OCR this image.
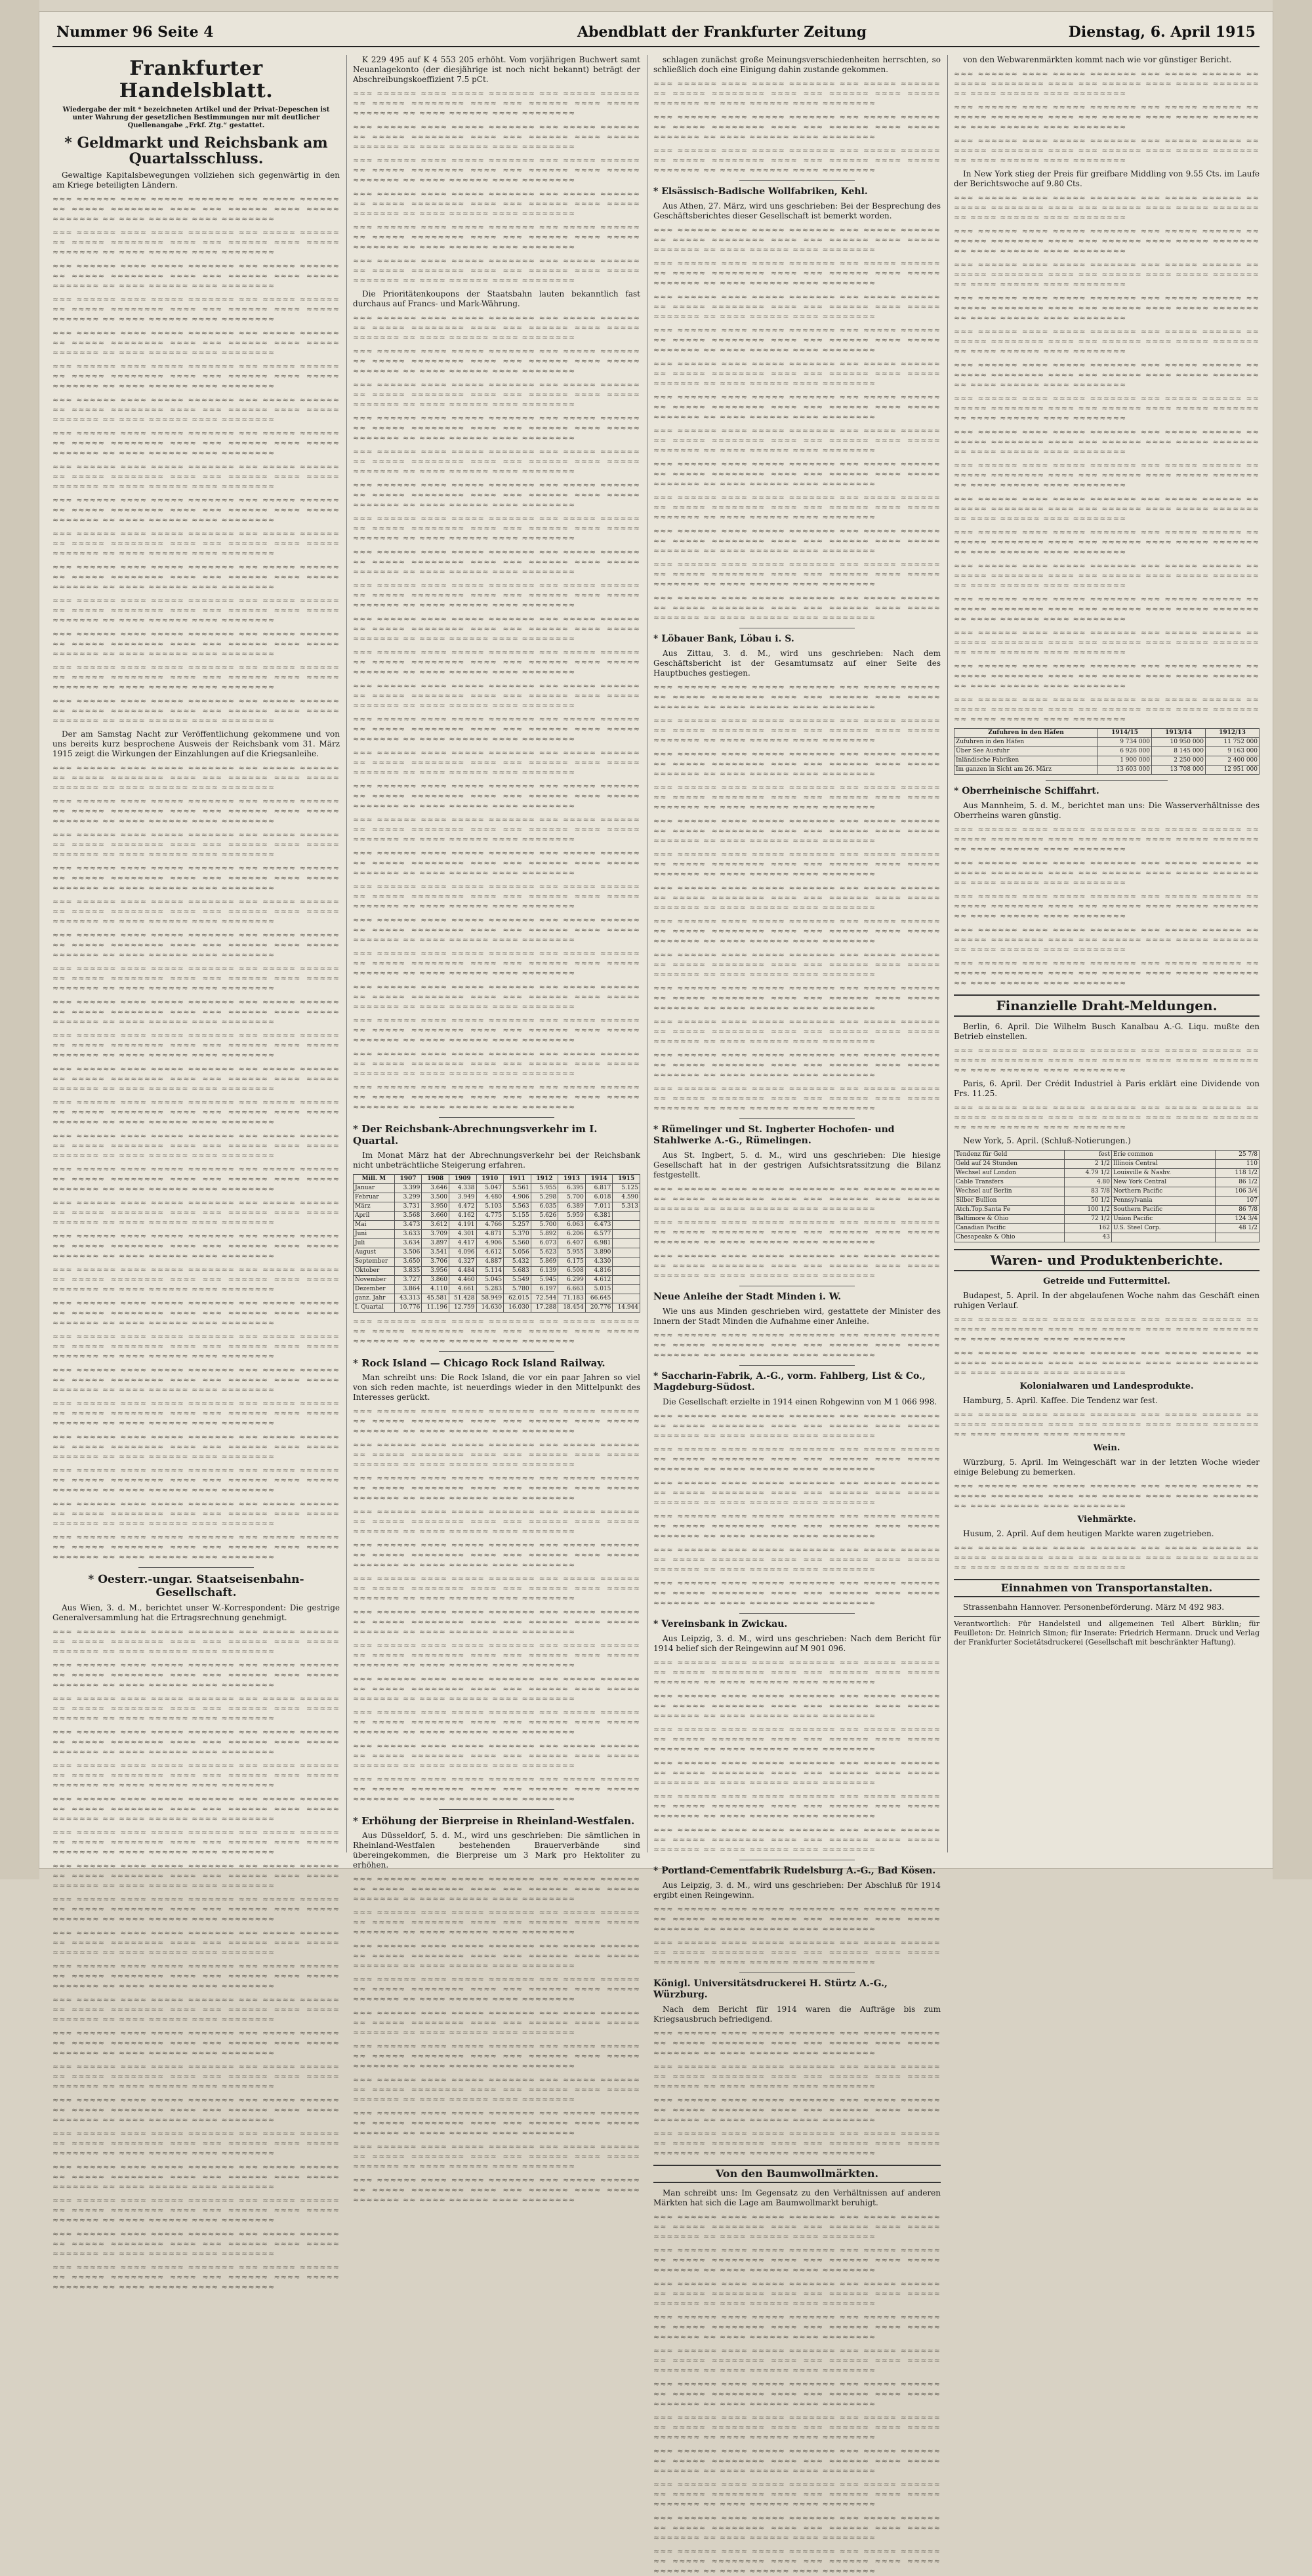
Nummer 96 Seite 4	Abendblatt der Frankfurter Zeitung	Dienstag, 6. April 1915
Frankfurter Handelsblatt.
Wiedergabe der mit * bezeichneten Artikel und der Privat-Depeschen ist unter Wahrung der gesetzlichen Bestimmungen nur mit deutlicher Quellenangabe „Frkf. Ztg.“ gestattet.
* Geldmarkt und Reichsbank am Quartalsschluss.

Gewaltige Kapitalsbewegungen vollziehen sich gegenwärtig in den am Kriege beteiligten Ländern.

≈≈≈ ≈≈≈≈≈≈ ≈≈≈≈ ≈≈≈≈≈ ≈≈≈≈≈≈≈ ≈≈≈ ≈≈≈≈≈ ≈≈≈≈≈≈ ≈≈ ≈≈≈≈≈ ≈≈≈≈≈≈≈≈ ≈≈≈≈ ≈≈≈ ≈≈≈≈≈≈ ≈≈≈≈ ≈≈≈≈≈ ≈≈≈≈≈≈≈ ≈≈ ≈≈≈≈ ≈≈≈≈≈≈ ≈≈≈≈ ≈≈≈≈≈≈≈≈

≈≈≈ ≈≈≈≈≈≈ ≈≈≈≈ ≈≈≈≈≈ ≈≈≈≈≈≈≈ ≈≈≈ ≈≈≈≈≈ ≈≈≈≈≈≈ ≈≈ ≈≈≈≈≈ ≈≈≈≈≈≈≈≈ ≈≈≈≈ ≈≈≈ ≈≈≈≈≈≈ ≈≈≈≈ ≈≈≈≈≈ ≈≈≈≈≈≈≈ ≈≈ ≈≈≈≈ ≈≈≈≈≈≈ ≈≈≈≈ ≈≈≈≈≈≈≈≈

≈≈≈ ≈≈≈≈≈≈ ≈≈≈≈ ≈≈≈≈≈ ≈≈≈≈≈≈≈ ≈≈≈ ≈≈≈≈≈ ≈≈≈≈≈≈ ≈≈ ≈≈≈≈≈ ≈≈≈≈≈≈≈≈ ≈≈≈≈ ≈≈≈ ≈≈≈≈≈≈ ≈≈≈≈ ≈≈≈≈≈ ≈≈≈≈≈≈≈ ≈≈ ≈≈≈≈ ≈≈≈≈≈≈ ≈≈≈≈ ≈≈≈≈≈≈≈≈

≈≈≈ ≈≈≈≈≈≈ ≈≈≈≈ ≈≈≈≈≈ ≈≈≈≈≈≈≈ ≈≈≈ ≈≈≈≈≈ ≈≈≈≈≈≈ ≈≈ ≈≈≈≈≈ ≈≈≈≈≈≈≈≈ ≈≈≈≈ ≈≈≈ ≈≈≈≈≈≈ ≈≈≈≈ ≈≈≈≈≈ ≈≈≈≈≈≈≈ ≈≈ ≈≈≈≈ ≈≈≈≈≈≈ ≈≈≈≈ ≈≈≈≈≈≈≈≈

≈≈≈ ≈≈≈≈≈≈ ≈≈≈≈ ≈≈≈≈≈ ≈≈≈≈≈≈≈ ≈≈≈ ≈≈≈≈≈ ≈≈≈≈≈≈ ≈≈ ≈≈≈≈≈ ≈≈≈≈≈≈≈≈ ≈≈≈≈ ≈≈≈ ≈≈≈≈≈≈ ≈≈≈≈ ≈≈≈≈≈ ≈≈≈≈≈≈≈ ≈≈ ≈≈≈≈ ≈≈≈≈≈≈ ≈≈≈≈ ≈≈≈≈≈≈≈≈

≈≈≈ ≈≈≈≈≈≈ ≈≈≈≈ ≈≈≈≈≈ ≈≈≈≈≈≈≈ ≈≈≈ ≈≈≈≈≈ ≈≈≈≈≈≈ ≈≈ ≈≈≈≈≈ ≈≈≈≈≈≈≈≈ ≈≈≈≈ ≈≈≈ ≈≈≈≈≈≈ ≈≈≈≈ ≈≈≈≈≈ ≈≈≈≈≈≈≈ ≈≈ ≈≈≈≈ ≈≈≈≈≈≈ ≈≈≈≈ ≈≈≈≈≈≈≈≈

≈≈≈ ≈≈≈≈≈≈ ≈≈≈≈ ≈≈≈≈≈ ≈≈≈≈≈≈≈ ≈≈≈ ≈≈≈≈≈ ≈≈≈≈≈≈ ≈≈ ≈≈≈≈≈ ≈≈≈≈≈≈≈≈ ≈≈≈≈ ≈≈≈ ≈≈≈≈≈≈ ≈≈≈≈ ≈≈≈≈≈ ≈≈≈≈≈≈≈ ≈≈ ≈≈≈≈ ≈≈≈≈≈≈ ≈≈≈≈ ≈≈≈≈≈≈≈≈

≈≈≈ ≈≈≈≈≈≈ ≈≈≈≈ ≈≈≈≈≈ ≈≈≈≈≈≈≈ ≈≈≈ ≈≈≈≈≈ ≈≈≈≈≈≈ ≈≈ ≈≈≈≈≈ ≈≈≈≈≈≈≈≈ ≈≈≈≈ ≈≈≈ ≈≈≈≈≈≈ ≈≈≈≈ ≈≈≈≈≈ ≈≈≈≈≈≈≈ ≈≈ ≈≈≈≈ ≈≈≈≈≈≈ ≈≈≈≈ ≈≈≈≈≈≈≈≈

≈≈≈ ≈≈≈≈≈≈ ≈≈≈≈ ≈≈≈≈≈ ≈≈≈≈≈≈≈ ≈≈≈ ≈≈≈≈≈ ≈≈≈≈≈≈ ≈≈ ≈≈≈≈≈ ≈≈≈≈≈≈≈≈ ≈≈≈≈ ≈≈≈ ≈≈≈≈≈≈ ≈≈≈≈ ≈≈≈≈≈ ≈≈≈≈≈≈≈ ≈≈ ≈≈≈≈ ≈≈≈≈≈≈ ≈≈≈≈ ≈≈≈≈≈≈≈≈

≈≈≈ ≈≈≈≈≈≈ ≈≈≈≈ ≈≈≈≈≈ ≈≈≈≈≈≈≈ ≈≈≈ ≈≈≈≈≈ ≈≈≈≈≈≈ ≈≈ ≈≈≈≈≈ ≈≈≈≈≈≈≈≈ ≈≈≈≈ ≈≈≈ ≈≈≈≈≈≈ ≈≈≈≈ ≈≈≈≈≈ ≈≈≈≈≈≈≈ ≈≈ ≈≈≈≈ ≈≈≈≈≈≈ ≈≈≈≈ ≈≈≈≈≈≈≈≈

≈≈≈ ≈≈≈≈≈≈ ≈≈≈≈ ≈≈≈≈≈ ≈≈≈≈≈≈≈ ≈≈≈ ≈≈≈≈≈ ≈≈≈≈≈≈ ≈≈ ≈≈≈≈≈ ≈≈≈≈≈≈≈≈ ≈≈≈≈ ≈≈≈ ≈≈≈≈≈≈ ≈≈≈≈ ≈≈≈≈≈ ≈≈≈≈≈≈≈ ≈≈ ≈≈≈≈ ≈≈≈≈≈≈ ≈≈≈≈ ≈≈≈≈≈≈≈≈

≈≈≈ ≈≈≈≈≈≈ ≈≈≈≈ ≈≈≈≈≈ ≈≈≈≈≈≈≈ ≈≈≈ ≈≈≈≈≈ ≈≈≈≈≈≈ ≈≈ ≈≈≈≈≈ ≈≈≈≈≈≈≈≈ ≈≈≈≈ ≈≈≈ ≈≈≈≈≈≈ ≈≈≈≈ ≈≈≈≈≈ ≈≈≈≈≈≈≈ ≈≈ ≈≈≈≈ ≈≈≈≈≈≈ ≈≈≈≈ ≈≈≈≈≈≈≈≈

≈≈≈ ≈≈≈≈≈≈ ≈≈≈≈ ≈≈≈≈≈ ≈≈≈≈≈≈≈ ≈≈≈ ≈≈≈≈≈ ≈≈≈≈≈≈ ≈≈ ≈≈≈≈≈ ≈≈≈≈≈≈≈≈ ≈≈≈≈ ≈≈≈ ≈≈≈≈≈≈ ≈≈≈≈ ≈≈≈≈≈ ≈≈≈≈≈≈≈ ≈≈ ≈≈≈≈ ≈≈≈≈≈≈ ≈≈≈≈ ≈≈≈≈≈≈≈≈

≈≈≈ ≈≈≈≈≈≈ ≈≈≈≈ ≈≈≈≈≈ ≈≈≈≈≈≈≈ ≈≈≈ ≈≈≈≈≈ ≈≈≈≈≈≈ ≈≈ ≈≈≈≈≈ ≈≈≈≈≈≈≈≈ ≈≈≈≈ ≈≈≈ ≈≈≈≈≈≈ ≈≈≈≈ ≈≈≈≈≈ ≈≈≈≈≈≈≈ ≈≈ ≈≈≈≈ ≈≈≈≈≈≈ ≈≈≈≈ ≈≈≈≈≈≈≈≈

≈≈≈ ≈≈≈≈≈≈ ≈≈≈≈ ≈≈≈≈≈ ≈≈≈≈≈≈≈ ≈≈≈ ≈≈≈≈≈ ≈≈≈≈≈≈ ≈≈ ≈≈≈≈≈ ≈≈≈≈≈≈≈≈ ≈≈≈≈ ≈≈≈ ≈≈≈≈≈≈ ≈≈≈≈ ≈≈≈≈≈ ≈≈≈≈≈≈≈ ≈≈ ≈≈≈≈ ≈≈≈≈≈≈ ≈≈≈≈ ≈≈≈≈≈≈≈≈

≈≈≈ ≈≈≈≈≈≈ ≈≈≈≈ ≈≈≈≈≈ ≈≈≈≈≈≈≈ ≈≈≈ ≈≈≈≈≈ ≈≈≈≈≈≈ ≈≈ ≈≈≈≈≈ ≈≈≈≈≈≈≈≈ ≈≈≈≈ ≈≈≈ ≈≈≈≈≈≈ ≈≈≈≈ ≈≈≈≈≈ ≈≈≈≈≈≈≈ ≈≈ ≈≈≈≈ ≈≈≈≈≈≈ ≈≈≈≈ ≈≈≈≈≈≈≈≈

Der am Samstag Nacht zur Veröffentlichung gekommene und von uns bereits kurz besprochene Ausweis der Reichsbank vom 31. März 1915 zeigt die Wirkungen der Einzahlungen auf die Kriegsanleihe.

≈≈≈ ≈≈≈≈≈≈ ≈≈≈≈ ≈≈≈≈≈ ≈≈≈≈≈≈≈ ≈≈≈ ≈≈≈≈≈ ≈≈≈≈≈≈ ≈≈ ≈≈≈≈≈ ≈≈≈≈≈≈≈≈ ≈≈≈≈ ≈≈≈ ≈≈≈≈≈≈ ≈≈≈≈ ≈≈≈≈≈ ≈≈≈≈≈≈≈ ≈≈ ≈≈≈≈ ≈≈≈≈≈≈ ≈≈≈≈ ≈≈≈≈≈≈≈≈

≈≈≈ ≈≈≈≈≈≈ ≈≈≈≈ ≈≈≈≈≈ ≈≈≈≈≈≈≈ ≈≈≈ ≈≈≈≈≈ ≈≈≈≈≈≈ ≈≈ ≈≈≈≈≈ ≈≈≈≈≈≈≈≈ ≈≈≈≈ ≈≈≈ ≈≈≈≈≈≈ ≈≈≈≈ ≈≈≈≈≈ ≈≈≈≈≈≈≈ ≈≈ ≈≈≈≈ ≈≈≈≈≈≈ ≈≈≈≈ ≈≈≈≈≈≈≈≈

≈≈≈ ≈≈≈≈≈≈ ≈≈≈≈ ≈≈≈≈≈ ≈≈≈≈≈≈≈ ≈≈≈ ≈≈≈≈≈ ≈≈≈≈≈≈ ≈≈ ≈≈≈≈≈ ≈≈≈≈≈≈≈≈ ≈≈≈≈ ≈≈≈ ≈≈≈≈≈≈ ≈≈≈≈ ≈≈≈≈≈ ≈≈≈≈≈≈≈ ≈≈ ≈≈≈≈ ≈≈≈≈≈≈ ≈≈≈≈ ≈≈≈≈≈≈≈≈

≈≈≈ ≈≈≈≈≈≈ ≈≈≈≈ ≈≈≈≈≈ ≈≈≈≈≈≈≈ ≈≈≈ ≈≈≈≈≈ ≈≈≈≈≈≈ ≈≈ ≈≈≈≈≈ ≈≈≈≈≈≈≈≈ ≈≈≈≈ ≈≈≈ ≈≈≈≈≈≈ ≈≈≈≈ ≈≈≈≈≈ ≈≈≈≈≈≈≈ ≈≈ ≈≈≈≈ ≈≈≈≈≈≈ ≈≈≈≈ ≈≈≈≈≈≈≈≈

≈≈≈ ≈≈≈≈≈≈ ≈≈≈≈ ≈≈≈≈≈ ≈≈≈≈≈≈≈ ≈≈≈ ≈≈≈≈≈ ≈≈≈≈≈≈ ≈≈ ≈≈≈≈≈ ≈≈≈≈≈≈≈≈ ≈≈≈≈ ≈≈≈ ≈≈≈≈≈≈ ≈≈≈≈ ≈≈≈≈≈ ≈≈≈≈≈≈≈ ≈≈ ≈≈≈≈ ≈≈≈≈≈≈ ≈≈≈≈ ≈≈≈≈≈≈≈≈

≈≈≈ ≈≈≈≈≈≈ ≈≈≈≈ ≈≈≈≈≈ ≈≈≈≈≈≈≈ ≈≈≈ ≈≈≈≈≈ ≈≈≈≈≈≈ ≈≈ ≈≈≈≈≈ ≈≈≈≈≈≈≈≈ ≈≈≈≈ ≈≈≈ ≈≈≈≈≈≈ ≈≈≈≈ ≈≈≈≈≈ ≈≈≈≈≈≈≈ ≈≈ ≈≈≈≈ ≈≈≈≈≈≈ ≈≈≈≈ ≈≈≈≈≈≈≈≈

≈≈≈ ≈≈≈≈≈≈ ≈≈≈≈ ≈≈≈≈≈ ≈≈≈≈≈≈≈ ≈≈≈ ≈≈≈≈≈ ≈≈≈≈≈≈ ≈≈ ≈≈≈≈≈ ≈≈≈≈≈≈≈≈ ≈≈≈≈ ≈≈≈ ≈≈≈≈≈≈ ≈≈≈≈ ≈≈≈≈≈ ≈≈≈≈≈≈≈ ≈≈ ≈≈≈≈ ≈≈≈≈≈≈ ≈≈≈≈ ≈≈≈≈≈≈≈≈

≈≈≈ ≈≈≈≈≈≈ ≈≈≈≈ ≈≈≈≈≈ ≈≈≈≈≈≈≈ ≈≈≈ ≈≈≈≈≈ ≈≈≈≈≈≈ ≈≈ ≈≈≈≈≈ ≈≈≈≈≈≈≈≈ ≈≈≈≈ ≈≈≈ ≈≈≈≈≈≈ ≈≈≈≈ ≈≈≈≈≈ ≈≈≈≈≈≈≈ ≈≈ ≈≈≈≈ ≈≈≈≈≈≈ ≈≈≈≈ ≈≈≈≈≈≈≈≈

≈≈≈ ≈≈≈≈≈≈ ≈≈≈≈ ≈≈≈≈≈ ≈≈≈≈≈≈≈ ≈≈≈ ≈≈≈≈≈ ≈≈≈≈≈≈ ≈≈ ≈≈≈≈≈ ≈≈≈≈≈≈≈≈ ≈≈≈≈ ≈≈≈ ≈≈≈≈≈≈ ≈≈≈≈ ≈≈≈≈≈ ≈≈≈≈≈≈≈ ≈≈ ≈≈≈≈ ≈≈≈≈≈≈ ≈≈≈≈ ≈≈≈≈≈≈≈≈

≈≈≈ ≈≈≈≈≈≈ ≈≈≈≈ ≈≈≈≈≈ ≈≈≈≈≈≈≈ ≈≈≈ ≈≈≈≈≈ ≈≈≈≈≈≈ ≈≈ ≈≈≈≈≈ ≈≈≈≈≈≈≈≈ ≈≈≈≈ ≈≈≈ ≈≈≈≈≈≈ ≈≈≈≈ ≈≈≈≈≈ ≈≈≈≈≈≈≈ ≈≈ ≈≈≈≈ ≈≈≈≈≈≈ ≈≈≈≈ ≈≈≈≈≈≈≈≈

≈≈≈ ≈≈≈≈≈≈ ≈≈≈≈ ≈≈≈≈≈ ≈≈≈≈≈≈≈ ≈≈≈ ≈≈≈≈≈ ≈≈≈≈≈≈ ≈≈ ≈≈≈≈≈ ≈≈≈≈≈≈≈≈ ≈≈≈≈ ≈≈≈ ≈≈≈≈≈≈ ≈≈≈≈ ≈≈≈≈≈ ≈≈≈≈≈≈≈ ≈≈ ≈≈≈≈ ≈≈≈≈≈≈ ≈≈≈≈ ≈≈≈≈≈≈≈≈

≈≈≈ ≈≈≈≈≈≈ ≈≈≈≈ ≈≈≈≈≈ ≈≈≈≈≈≈≈ ≈≈≈ ≈≈≈≈≈ ≈≈≈≈≈≈ ≈≈ ≈≈≈≈≈ ≈≈≈≈≈≈≈≈ ≈≈≈≈ ≈≈≈ ≈≈≈≈≈≈ ≈≈≈≈ ≈≈≈≈≈ ≈≈≈≈≈≈≈ ≈≈ ≈≈≈≈ ≈≈≈≈≈≈ ≈≈≈≈ ≈≈≈≈≈≈≈≈

≈≈≈ ≈≈≈≈≈≈ ≈≈≈≈ ≈≈≈≈≈ ≈≈≈≈≈≈≈ ≈≈≈ ≈≈≈≈≈ ≈≈≈≈≈≈ ≈≈ ≈≈≈≈≈ ≈≈≈≈≈≈≈≈ ≈≈≈≈ ≈≈≈ ≈≈≈≈≈≈ ≈≈≈≈ ≈≈≈≈≈ ≈≈≈≈≈≈≈ ≈≈ ≈≈≈≈ ≈≈≈≈≈≈ ≈≈≈≈ ≈≈≈≈≈≈≈≈

≈≈≈ ≈≈≈≈≈≈ ≈≈≈≈ ≈≈≈≈≈ ≈≈≈≈≈≈≈ ≈≈≈ ≈≈≈≈≈ ≈≈≈≈≈≈ ≈≈ ≈≈≈≈≈ ≈≈≈≈≈≈≈≈ ≈≈≈≈ ≈≈≈ ≈≈≈≈≈≈ ≈≈≈≈ ≈≈≈≈≈ ≈≈≈≈≈≈≈ ≈≈ ≈≈≈≈ ≈≈≈≈≈≈ ≈≈≈≈ ≈≈≈≈≈≈≈≈

≈≈≈ ≈≈≈≈≈≈ ≈≈≈≈ ≈≈≈≈≈ ≈≈≈≈≈≈≈ ≈≈≈ ≈≈≈≈≈ ≈≈≈≈≈≈ ≈≈ ≈≈≈≈≈ ≈≈≈≈≈≈≈≈ ≈≈≈≈ ≈≈≈ ≈≈≈≈≈≈ ≈≈≈≈ ≈≈≈≈≈ ≈≈≈≈≈≈≈ ≈≈ ≈≈≈≈ ≈≈≈≈≈≈ ≈≈≈≈ ≈≈≈≈≈≈≈≈

≈≈≈ ≈≈≈≈≈≈ ≈≈≈≈ ≈≈≈≈≈ ≈≈≈≈≈≈≈ ≈≈≈ ≈≈≈≈≈ ≈≈≈≈≈≈ ≈≈ ≈≈≈≈≈ ≈≈≈≈≈≈≈≈ ≈≈≈≈ ≈≈≈ ≈≈≈≈≈≈ ≈≈≈≈ ≈≈≈≈≈ ≈≈≈≈≈≈≈ ≈≈ ≈≈≈≈ ≈≈≈≈≈≈ ≈≈≈≈ ≈≈≈≈≈≈≈≈

≈≈≈ ≈≈≈≈≈≈ ≈≈≈≈ ≈≈≈≈≈ ≈≈≈≈≈≈≈ ≈≈≈ ≈≈≈≈≈ ≈≈≈≈≈≈ ≈≈ ≈≈≈≈≈ ≈≈≈≈≈≈≈≈ ≈≈≈≈ ≈≈≈ ≈≈≈≈≈≈ ≈≈≈≈ ≈≈≈≈≈ ≈≈≈≈≈≈≈ ≈≈ ≈≈≈≈ ≈≈≈≈≈≈ ≈≈≈≈ ≈≈≈≈≈≈≈≈

≈≈≈ ≈≈≈≈≈≈ ≈≈≈≈ ≈≈≈≈≈ ≈≈≈≈≈≈≈ ≈≈≈ ≈≈≈≈≈ ≈≈≈≈≈≈ ≈≈ ≈≈≈≈≈ ≈≈≈≈≈≈≈≈ ≈≈≈≈ ≈≈≈ ≈≈≈≈≈≈ ≈≈≈≈ ≈≈≈≈≈ ≈≈≈≈≈≈≈ ≈≈ ≈≈≈≈ ≈≈≈≈≈≈ ≈≈≈≈ ≈≈≈≈≈≈≈≈

≈≈≈ ≈≈≈≈≈≈ ≈≈≈≈ ≈≈≈≈≈ ≈≈≈≈≈≈≈ ≈≈≈ ≈≈≈≈≈ ≈≈≈≈≈≈ ≈≈ ≈≈≈≈≈ ≈≈≈≈≈≈≈≈ ≈≈≈≈ ≈≈≈ ≈≈≈≈≈≈ ≈≈≈≈ ≈≈≈≈≈ ≈≈≈≈≈≈≈ ≈≈ ≈≈≈≈ ≈≈≈≈≈≈ ≈≈≈≈ ≈≈≈≈≈≈≈≈

≈≈≈ ≈≈≈≈≈≈ ≈≈≈≈ ≈≈≈≈≈ ≈≈≈≈≈≈≈ ≈≈≈ ≈≈≈≈≈ ≈≈≈≈≈≈ ≈≈ ≈≈≈≈≈ ≈≈≈≈≈≈≈≈ ≈≈≈≈ ≈≈≈ ≈≈≈≈≈≈ ≈≈≈≈ ≈≈≈≈≈ ≈≈≈≈≈≈≈ ≈≈ ≈≈≈≈ ≈≈≈≈≈≈ ≈≈≈≈ ≈≈≈≈≈≈≈≈

≈≈≈ ≈≈≈≈≈≈ ≈≈≈≈ ≈≈≈≈≈ ≈≈≈≈≈≈≈ ≈≈≈ ≈≈≈≈≈ ≈≈≈≈≈≈ ≈≈ ≈≈≈≈≈ ≈≈≈≈≈≈≈≈ ≈≈≈≈ ≈≈≈ ≈≈≈≈≈≈ ≈≈≈≈ ≈≈≈≈≈ ≈≈≈≈≈≈≈ ≈≈ ≈≈≈≈ ≈≈≈≈≈≈ ≈≈≈≈ ≈≈≈≈≈≈≈≈

≈≈≈ ≈≈≈≈≈≈ ≈≈≈≈ ≈≈≈≈≈ ≈≈≈≈≈≈≈ ≈≈≈ ≈≈≈≈≈ ≈≈≈≈≈≈ ≈≈ ≈≈≈≈≈ ≈≈≈≈≈≈≈≈ ≈≈≈≈ ≈≈≈ ≈≈≈≈≈≈ ≈≈≈≈ ≈≈≈≈≈ ≈≈≈≈≈≈≈ ≈≈ ≈≈≈≈ ≈≈≈≈≈≈ ≈≈≈≈ ≈≈≈≈≈≈≈≈

≈≈≈ ≈≈≈≈≈≈ ≈≈≈≈ ≈≈≈≈≈ ≈≈≈≈≈≈≈ ≈≈≈ ≈≈≈≈≈ ≈≈≈≈≈≈ ≈≈ ≈≈≈≈≈ ≈≈≈≈≈≈≈≈ ≈≈≈≈ ≈≈≈ ≈≈≈≈≈≈ ≈≈≈≈ ≈≈≈≈≈ ≈≈≈≈≈≈≈ ≈≈ ≈≈≈≈ ≈≈≈≈≈≈ ≈≈≈≈ ≈≈≈≈≈≈≈≈

≈≈≈ ≈≈≈≈≈≈ ≈≈≈≈ ≈≈≈≈≈ ≈≈≈≈≈≈≈ ≈≈≈ ≈≈≈≈≈ ≈≈≈≈≈≈ ≈≈ ≈≈≈≈≈ ≈≈≈≈≈≈≈≈ ≈≈≈≈ ≈≈≈ ≈≈≈≈≈≈ ≈≈≈≈ ≈≈≈≈≈ ≈≈≈≈≈≈≈ ≈≈ ≈≈≈≈ ≈≈≈≈≈≈ ≈≈≈≈ ≈≈≈≈≈≈≈≈

* Oesterr.-ungar. Staatseisenbahn-Gesellschaft.

Aus Wien, 3. d. M., berichtet unser W.-Korrespondent: Die gestrige Generalversammlung hat die Ertragsrechnung genehmigt.

≈≈≈ ≈≈≈≈≈≈ ≈≈≈≈ ≈≈≈≈≈ ≈≈≈≈≈≈≈ ≈≈≈ ≈≈≈≈≈ ≈≈≈≈≈≈ ≈≈ ≈≈≈≈≈ ≈≈≈≈≈≈≈≈ ≈≈≈≈ ≈≈≈ ≈≈≈≈≈≈ ≈≈≈≈ ≈≈≈≈≈ ≈≈≈≈≈≈≈ ≈≈ ≈≈≈≈ ≈≈≈≈≈≈ ≈≈≈≈ ≈≈≈≈≈≈≈≈

≈≈≈ ≈≈≈≈≈≈ ≈≈≈≈ ≈≈≈≈≈ ≈≈≈≈≈≈≈ ≈≈≈ ≈≈≈≈≈ ≈≈≈≈≈≈ ≈≈ ≈≈≈≈≈ ≈≈≈≈≈≈≈≈ ≈≈≈≈ ≈≈≈ ≈≈≈≈≈≈ ≈≈≈≈ ≈≈≈≈≈ ≈≈≈≈≈≈≈ ≈≈ ≈≈≈≈ ≈≈≈≈≈≈ ≈≈≈≈ ≈≈≈≈≈≈≈≈

≈≈≈ ≈≈≈≈≈≈ ≈≈≈≈ ≈≈≈≈≈ ≈≈≈≈≈≈≈ ≈≈≈ ≈≈≈≈≈ ≈≈≈≈≈≈ ≈≈ ≈≈≈≈≈ ≈≈≈≈≈≈≈≈ ≈≈≈≈ ≈≈≈ ≈≈≈≈≈≈ ≈≈≈≈ ≈≈≈≈≈ ≈≈≈≈≈≈≈ ≈≈ ≈≈≈≈ ≈≈≈≈≈≈ ≈≈≈≈ ≈≈≈≈≈≈≈≈

≈≈≈ ≈≈≈≈≈≈ ≈≈≈≈ ≈≈≈≈≈ ≈≈≈≈≈≈≈ ≈≈≈ ≈≈≈≈≈ ≈≈≈≈≈≈ ≈≈ ≈≈≈≈≈ ≈≈≈≈≈≈≈≈ ≈≈≈≈ ≈≈≈ ≈≈≈≈≈≈ ≈≈≈≈ ≈≈≈≈≈ ≈≈≈≈≈≈≈ ≈≈ ≈≈≈≈ ≈≈≈≈≈≈ ≈≈≈≈ ≈≈≈≈≈≈≈≈

≈≈≈ ≈≈≈≈≈≈ ≈≈≈≈ ≈≈≈≈≈ ≈≈≈≈≈≈≈ ≈≈≈ ≈≈≈≈≈ ≈≈≈≈≈≈ ≈≈ ≈≈≈≈≈ ≈≈≈≈≈≈≈≈ ≈≈≈≈ ≈≈≈ ≈≈≈≈≈≈ ≈≈≈≈ ≈≈≈≈≈ ≈≈≈≈≈≈≈ ≈≈ ≈≈≈≈ ≈≈≈≈≈≈ ≈≈≈≈ ≈≈≈≈≈≈≈≈

≈≈≈ ≈≈≈≈≈≈ ≈≈≈≈ ≈≈≈≈≈ ≈≈≈≈≈≈≈ ≈≈≈ ≈≈≈≈≈ ≈≈≈≈≈≈ ≈≈ ≈≈≈≈≈ ≈≈≈≈≈≈≈≈ ≈≈≈≈ ≈≈≈ ≈≈≈≈≈≈ ≈≈≈≈ ≈≈≈≈≈ ≈≈≈≈≈≈≈ ≈≈ ≈≈≈≈ ≈≈≈≈≈≈ ≈≈≈≈ ≈≈≈≈≈≈≈≈

≈≈≈ ≈≈≈≈≈≈ ≈≈≈≈ ≈≈≈≈≈ ≈≈≈≈≈≈≈ ≈≈≈ ≈≈≈≈≈ ≈≈≈≈≈≈ ≈≈ ≈≈≈≈≈ ≈≈≈≈≈≈≈≈ ≈≈≈≈ ≈≈≈ ≈≈≈≈≈≈ ≈≈≈≈ ≈≈≈≈≈ ≈≈≈≈≈≈≈ ≈≈ ≈≈≈≈ ≈≈≈≈≈≈ ≈≈≈≈ ≈≈≈≈≈≈≈≈

≈≈≈ ≈≈≈≈≈≈ ≈≈≈≈ ≈≈≈≈≈ ≈≈≈≈≈≈≈ ≈≈≈ ≈≈≈≈≈ ≈≈≈≈≈≈ ≈≈ ≈≈≈≈≈ ≈≈≈≈≈≈≈≈ ≈≈≈≈ ≈≈≈ ≈≈≈≈≈≈ ≈≈≈≈ ≈≈≈≈≈ ≈≈≈≈≈≈≈ ≈≈ ≈≈≈≈ ≈≈≈≈≈≈ ≈≈≈≈ ≈≈≈≈≈≈≈≈

≈≈≈ ≈≈≈≈≈≈ ≈≈≈≈ ≈≈≈≈≈ ≈≈≈≈≈≈≈ ≈≈≈ ≈≈≈≈≈ ≈≈≈≈≈≈ ≈≈ ≈≈≈≈≈ ≈≈≈≈≈≈≈≈ ≈≈≈≈ ≈≈≈ ≈≈≈≈≈≈ ≈≈≈≈ ≈≈≈≈≈ ≈≈≈≈≈≈≈ ≈≈ ≈≈≈≈ ≈≈≈≈≈≈ ≈≈≈≈ ≈≈≈≈≈≈≈≈

≈≈≈ ≈≈≈≈≈≈ ≈≈≈≈ ≈≈≈≈≈ ≈≈≈≈≈≈≈ ≈≈≈ ≈≈≈≈≈ ≈≈≈≈≈≈ ≈≈ ≈≈≈≈≈ ≈≈≈≈≈≈≈≈ ≈≈≈≈ ≈≈≈ ≈≈≈≈≈≈ ≈≈≈≈ ≈≈≈≈≈ ≈≈≈≈≈≈≈ ≈≈ ≈≈≈≈ ≈≈≈≈≈≈ ≈≈≈≈ ≈≈≈≈≈≈≈≈

≈≈≈ ≈≈≈≈≈≈ ≈≈≈≈ ≈≈≈≈≈ ≈≈≈≈≈≈≈ ≈≈≈ ≈≈≈≈≈ ≈≈≈≈≈≈ ≈≈ ≈≈≈≈≈ ≈≈≈≈≈≈≈≈ ≈≈≈≈ ≈≈≈ ≈≈≈≈≈≈ ≈≈≈≈ ≈≈≈≈≈ ≈≈≈≈≈≈≈ ≈≈ ≈≈≈≈ ≈≈≈≈≈≈ ≈≈≈≈ ≈≈≈≈≈≈≈≈

≈≈≈ ≈≈≈≈≈≈ ≈≈≈≈ ≈≈≈≈≈ ≈≈≈≈≈≈≈ ≈≈≈ ≈≈≈≈≈ ≈≈≈≈≈≈ ≈≈ ≈≈≈≈≈ ≈≈≈≈≈≈≈≈ ≈≈≈≈ ≈≈≈ ≈≈≈≈≈≈ ≈≈≈≈ ≈≈≈≈≈ ≈≈≈≈≈≈≈ ≈≈ ≈≈≈≈ ≈≈≈≈≈≈ ≈≈≈≈ ≈≈≈≈≈≈≈≈

≈≈≈ ≈≈≈≈≈≈ ≈≈≈≈ ≈≈≈≈≈ ≈≈≈≈≈≈≈ ≈≈≈ ≈≈≈≈≈ ≈≈≈≈≈≈ ≈≈ ≈≈≈≈≈ ≈≈≈≈≈≈≈≈ ≈≈≈≈ ≈≈≈ ≈≈≈≈≈≈ ≈≈≈≈ ≈≈≈≈≈ ≈≈≈≈≈≈≈ ≈≈ ≈≈≈≈ ≈≈≈≈≈≈ ≈≈≈≈ ≈≈≈≈≈≈≈≈

≈≈≈ ≈≈≈≈≈≈ ≈≈≈≈ ≈≈≈≈≈ ≈≈≈≈≈≈≈ ≈≈≈ ≈≈≈≈≈ ≈≈≈≈≈≈ ≈≈ ≈≈≈≈≈ ≈≈≈≈≈≈≈≈ ≈≈≈≈ ≈≈≈ ≈≈≈≈≈≈ ≈≈≈≈ ≈≈≈≈≈ ≈≈≈≈≈≈≈ ≈≈ ≈≈≈≈ ≈≈≈≈≈≈ ≈≈≈≈ ≈≈≈≈≈≈≈≈

≈≈≈ ≈≈≈≈≈≈ ≈≈≈≈ ≈≈≈≈≈ ≈≈≈≈≈≈≈ ≈≈≈ ≈≈≈≈≈ ≈≈≈≈≈≈ ≈≈ ≈≈≈≈≈ ≈≈≈≈≈≈≈≈ ≈≈≈≈ ≈≈≈ ≈≈≈≈≈≈ ≈≈≈≈ ≈≈≈≈≈ ≈≈≈≈≈≈≈ ≈≈ ≈≈≈≈ ≈≈≈≈≈≈ ≈≈≈≈ ≈≈≈≈≈≈≈≈

≈≈≈ ≈≈≈≈≈≈ ≈≈≈≈ ≈≈≈≈≈ ≈≈≈≈≈≈≈ ≈≈≈ ≈≈≈≈≈ ≈≈≈≈≈≈ ≈≈ ≈≈≈≈≈ ≈≈≈≈≈≈≈≈ ≈≈≈≈ ≈≈≈ ≈≈≈≈≈≈ ≈≈≈≈ ≈≈≈≈≈ ≈≈≈≈≈≈≈ ≈≈ ≈≈≈≈ ≈≈≈≈≈≈ ≈≈≈≈ ≈≈≈≈≈≈≈≈

≈≈≈ ≈≈≈≈≈≈ ≈≈≈≈ ≈≈≈≈≈ ≈≈≈≈≈≈≈ ≈≈≈ ≈≈≈≈≈ ≈≈≈≈≈≈ ≈≈ ≈≈≈≈≈ ≈≈≈≈≈≈≈≈ ≈≈≈≈ ≈≈≈ ≈≈≈≈≈≈ ≈≈≈≈ ≈≈≈≈≈ ≈≈≈≈≈≈≈ ≈≈ ≈≈≈≈ ≈≈≈≈≈≈ ≈≈≈≈ ≈≈≈≈≈≈≈≈

≈≈≈ ≈≈≈≈≈≈ ≈≈≈≈ ≈≈≈≈≈ ≈≈≈≈≈≈≈ ≈≈≈ ≈≈≈≈≈ ≈≈≈≈≈≈ ≈≈ ≈≈≈≈≈ ≈≈≈≈≈≈≈≈ ≈≈≈≈ ≈≈≈ ≈≈≈≈≈≈ ≈≈≈≈ ≈≈≈≈≈ ≈≈≈≈≈≈≈ ≈≈ ≈≈≈≈ ≈≈≈≈≈≈ ≈≈≈≈ ≈≈≈≈≈≈≈≈

≈≈≈ ≈≈≈≈≈≈ ≈≈≈≈ ≈≈≈≈≈ ≈≈≈≈≈≈≈ ≈≈≈ ≈≈≈≈≈ ≈≈≈≈≈≈ ≈≈ ≈≈≈≈≈ ≈≈≈≈≈≈≈≈ ≈≈≈≈ ≈≈≈ ≈≈≈≈≈≈ ≈≈≈≈ ≈≈≈≈≈ ≈≈≈≈≈≈≈ ≈≈ ≈≈≈≈ ≈≈≈≈≈≈ ≈≈≈≈ ≈≈≈≈≈≈≈≈

≈≈≈ ≈≈≈≈≈≈ ≈≈≈≈ ≈≈≈≈≈ ≈≈≈≈≈≈≈ ≈≈≈ ≈≈≈≈≈ ≈≈≈≈≈≈ ≈≈ ≈≈≈≈≈ ≈≈≈≈≈≈≈≈ ≈≈≈≈ ≈≈≈ ≈≈≈≈≈≈ ≈≈≈≈ ≈≈≈≈≈ ≈≈≈≈≈≈≈ ≈≈ ≈≈≈≈ ≈≈≈≈≈≈ ≈≈≈≈ ≈≈≈≈≈≈≈≈

K 229 495 auf K 4 553 205 erhöht. Vom vorjährigen Buchwert samt Neuanlagekonto (der diesjährige ist noch nicht bekannt) beträgt der Abschreibungskoeffizient 7.5 pCt.

≈≈≈ ≈≈≈≈≈≈ ≈≈≈≈ ≈≈≈≈≈ ≈≈≈≈≈≈≈ ≈≈≈ ≈≈≈≈≈ ≈≈≈≈≈≈ ≈≈ ≈≈≈≈≈ ≈≈≈≈≈≈≈≈ ≈≈≈≈ ≈≈≈ ≈≈≈≈≈≈ ≈≈≈≈ ≈≈≈≈≈ ≈≈≈≈≈≈≈ ≈≈ ≈≈≈≈ ≈≈≈≈≈≈ ≈≈≈≈ ≈≈≈≈≈≈≈≈

≈≈≈ ≈≈≈≈≈≈ ≈≈≈≈ ≈≈≈≈≈ ≈≈≈≈≈≈≈ ≈≈≈ ≈≈≈≈≈ ≈≈≈≈≈≈ ≈≈ ≈≈≈≈≈ ≈≈≈≈≈≈≈≈ ≈≈≈≈ ≈≈≈ ≈≈≈≈≈≈ ≈≈≈≈ ≈≈≈≈≈ ≈≈≈≈≈≈≈ ≈≈ ≈≈≈≈ ≈≈≈≈≈≈ ≈≈≈≈ ≈≈≈≈≈≈≈≈

≈≈≈ ≈≈≈≈≈≈ ≈≈≈≈ ≈≈≈≈≈ ≈≈≈≈≈≈≈ ≈≈≈ ≈≈≈≈≈ ≈≈≈≈≈≈ ≈≈ ≈≈≈≈≈ ≈≈≈≈≈≈≈≈ ≈≈≈≈ ≈≈≈ ≈≈≈≈≈≈ ≈≈≈≈ ≈≈≈≈≈ ≈≈≈≈≈≈≈ ≈≈ ≈≈≈≈ ≈≈≈≈≈≈ ≈≈≈≈ ≈≈≈≈≈≈≈≈

≈≈≈ ≈≈≈≈≈≈ ≈≈≈≈ ≈≈≈≈≈ ≈≈≈≈≈≈≈ ≈≈≈ ≈≈≈≈≈ ≈≈≈≈≈≈ ≈≈ ≈≈≈≈≈ ≈≈≈≈≈≈≈≈ ≈≈≈≈ ≈≈≈ ≈≈≈≈≈≈ ≈≈≈≈ ≈≈≈≈≈ ≈≈≈≈≈≈≈ ≈≈ ≈≈≈≈ ≈≈≈≈≈≈ ≈≈≈≈ ≈≈≈≈≈≈≈≈

≈≈≈ ≈≈≈≈≈≈ ≈≈≈≈ ≈≈≈≈≈ ≈≈≈≈≈≈≈ ≈≈≈ ≈≈≈≈≈ ≈≈≈≈≈≈ ≈≈ ≈≈≈≈≈ ≈≈≈≈≈≈≈≈ ≈≈≈≈ ≈≈≈ ≈≈≈≈≈≈ ≈≈≈≈ ≈≈≈≈≈ ≈≈≈≈≈≈≈ ≈≈ ≈≈≈≈ ≈≈≈≈≈≈ ≈≈≈≈ ≈≈≈≈≈≈≈≈

≈≈≈ ≈≈≈≈≈≈ ≈≈≈≈ ≈≈≈≈≈ ≈≈≈≈≈≈≈ ≈≈≈ ≈≈≈≈≈ ≈≈≈≈≈≈ ≈≈ ≈≈≈≈≈ ≈≈≈≈≈≈≈≈ ≈≈≈≈ ≈≈≈ ≈≈≈≈≈≈ ≈≈≈≈ ≈≈≈≈≈ ≈≈≈≈≈≈≈ ≈≈ ≈≈≈≈ ≈≈≈≈≈≈ ≈≈≈≈ ≈≈≈≈≈≈≈≈

Die Prioritätenkoupons der Staatsbahn lauten bekanntlich fast durchaus auf Francs- und Mark-Währung.

≈≈≈ ≈≈≈≈≈≈ ≈≈≈≈ ≈≈≈≈≈ ≈≈≈≈≈≈≈ ≈≈≈ ≈≈≈≈≈ ≈≈≈≈≈≈ ≈≈ ≈≈≈≈≈ ≈≈≈≈≈≈≈≈ ≈≈≈≈ ≈≈≈ ≈≈≈≈≈≈ ≈≈≈≈ ≈≈≈≈≈ ≈≈≈≈≈≈≈ ≈≈ ≈≈≈≈ ≈≈≈≈≈≈ ≈≈≈≈ ≈≈≈≈≈≈≈≈

≈≈≈ ≈≈≈≈≈≈ ≈≈≈≈ ≈≈≈≈≈ ≈≈≈≈≈≈≈ ≈≈≈ ≈≈≈≈≈ ≈≈≈≈≈≈ ≈≈ ≈≈≈≈≈ ≈≈≈≈≈≈≈≈ ≈≈≈≈ ≈≈≈ ≈≈≈≈≈≈ ≈≈≈≈ ≈≈≈≈≈ ≈≈≈≈≈≈≈ ≈≈ ≈≈≈≈ ≈≈≈≈≈≈ ≈≈≈≈ ≈≈≈≈≈≈≈≈

≈≈≈ ≈≈≈≈≈≈ ≈≈≈≈ ≈≈≈≈≈ ≈≈≈≈≈≈≈ ≈≈≈ ≈≈≈≈≈ ≈≈≈≈≈≈ ≈≈ ≈≈≈≈≈ ≈≈≈≈≈≈≈≈ ≈≈≈≈ ≈≈≈ ≈≈≈≈≈≈ ≈≈≈≈ ≈≈≈≈≈ ≈≈≈≈≈≈≈ ≈≈ ≈≈≈≈ ≈≈≈≈≈≈ ≈≈≈≈ ≈≈≈≈≈≈≈≈

≈≈≈ ≈≈≈≈≈≈ ≈≈≈≈ ≈≈≈≈≈ ≈≈≈≈≈≈≈ ≈≈≈ ≈≈≈≈≈ ≈≈≈≈≈≈ ≈≈ ≈≈≈≈≈ ≈≈≈≈≈≈≈≈ ≈≈≈≈ ≈≈≈ ≈≈≈≈≈≈ ≈≈≈≈ ≈≈≈≈≈ ≈≈≈≈≈≈≈ ≈≈ ≈≈≈≈ ≈≈≈≈≈≈ ≈≈≈≈ ≈≈≈≈≈≈≈≈

≈≈≈ ≈≈≈≈≈≈ ≈≈≈≈ ≈≈≈≈≈ ≈≈≈≈≈≈≈ ≈≈≈ ≈≈≈≈≈ ≈≈≈≈≈≈ ≈≈ ≈≈≈≈≈ ≈≈≈≈≈≈≈≈ ≈≈≈≈ ≈≈≈ ≈≈≈≈≈≈ ≈≈≈≈ ≈≈≈≈≈ ≈≈≈≈≈≈≈ ≈≈ ≈≈≈≈ ≈≈≈≈≈≈ ≈≈≈≈ ≈≈≈≈≈≈≈≈

≈≈≈ ≈≈≈≈≈≈ ≈≈≈≈ ≈≈≈≈≈ ≈≈≈≈≈≈≈ ≈≈≈ ≈≈≈≈≈ ≈≈≈≈≈≈ ≈≈ ≈≈≈≈≈ ≈≈≈≈≈≈≈≈ ≈≈≈≈ ≈≈≈ ≈≈≈≈≈≈ ≈≈≈≈ ≈≈≈≈≈ ≈≈≈≈≈≈≈ ≈≈ ≈≈≈≈ ≈≈≈≈≈≈ ≈≈≈≈ ≈≈≈≈≈≈≈≈

≈≈≈ ≈≈≈≈≈≈ ≈≈≈≈ ≈≈≈≈≈ ≈≈≈≈≈≈≈ ≈≈≈ ≈≈≈≈≈ ≈≈≈≈≈≈ ≈≈ ≈≈≈≈≈ ≈≈≈≈≈≈≈≈ ≈≈≈≈ ≈≈≈ ≈≈≈≈≈≈ ≈≈≈≈ ≈≈≈≈≈ ≈≈≈≈≈≈≈ ≈≈ ≈≈≈≈ ≈≈≈≈≈≈ ≈≈≈≈ ≈≈≈≈≈≈≈≈

≈≈≈ ≈≈≈≈≈≈ ≈≈≈≈ ≈≈≈≈≈ ≈≈≈≈≈≈≈ ≈≈≈ ≈≈≈≈≈ ≈≈≈≈≈≈ ≈≈ ≈≈≈≈≈ ≈≈≈≈≈≈≈≈ ≈≈≈≈ ≈≈≈ ≈≈≈≈≈≈ ≈≈≈≈ ≈≈≈≈≈ ≈≈≈≈≈≈≈ ≈≈ ≈≈≈≈ ≈≈≈≈≈≈ ≈≈≈≈ ≈≈≈≈≈≈≈≈

≈≈≈ ≈≈≈≈≈≈ ≈≈≈≈ ≈≈≈≈≈ ≈≈≈≈≈≈≈ ≈≈≈ ≈≈≈≈≈ ≈≈≈≈≈≈ ≈≈ ≈≈≈≈≈ ≈≈≈≈≈≈≈≈ ≈≈≈≈ ≈≈≈ ≈≈≈≈≈≈ ≈≈≈≈ ≈≈≈≈≈ ≈≈≈≈≈≈≈ ≈≈ ≈≈≈≈ ≈≈≈≈≈≈ ≈≈≈≈ ≈≈≈≈≈≈≈≈

≈≈≈ ≈≈≈≈≈≈ ≈≈≈≈ ≈≈≈≈≈ ≈≈≈≈≈≈≈ ≈≈≈ ≈≈≈≈≈ ≈≈≈≈≈≈ ≈≈ ≈≈≈≈≈ ≈≈≈≈≈≈≈≈ ≈≈≈≈ ≈≈≈ ≈≈≈≈≈≈ ≈≈≈≈ ≈≈≈≈≈ ≈≈≈≈≈≈≈ ≈≈ ≈≈≈≈ ≈≈≈≈≈≈ ≈≈≈≈ ≈≈≈≈≈≈≈≈

≈≈≈ ≈≈≈≈≈≈ ≈≈≈≈ ≈≈≈≈≈ ≈≈≈≈≈≈≈ ≈≈≈ ≈≈≈≈≈ ≈≈≈≈≈≈ ≈≈ ≈≈≈≈≈ ≈≈≈≈≈≈≈≈ ≈≈≈≈ ≈≈≈ ≈≈≈≈≈≈ ≈≈≈≈ ≈≈≈≈≈ ≈≈≈≈≈≈≈ ≈≈ ≈≈≈≈ ≈≈≈≈≈≈ ≈≈≈≈ ≈≈≈≈≈≈≈≈

≈≈≈ ≈≈≈≈≈≈ ≈≈≈≈ ≈≈≈≈≈ ≈≈≈≈≈≈≈ ≈≈≈ ≈≈≈≈≈ ≈≈≈≈≈≈ ≈≈ ≈≈≈≈≈ ≈≈≈≈≈≈≈≈ ≈≈≈≈ ≈≈≈ ≈≈≈≈≈≈ ≈≈≈≈ ≈≈≈≈≈ ≈≈≈≈≈≈≈ ≈≈ ≈≈≈≈ ≈≈≈≈≈≈ ≈≈≈≈ ≈≈≈≈≈≈≈≈

≈≈≈ ≈≈≈≈≈≈ ≈≈≈≈ ≈≈≈≈≈ ≈≈≈≈≈≈≈ ≈≈≈ ≈≈≈≈≈ ≈≈≈≈≈≈ ≈≈ ≈≈≈≈≈ ≈≈≈≈≈≈≈≈ ≈≈≈≈ ≈≈≈ ≈≈≈≈≈≈ ≈≈≈≈ ≈≈≈≈≈ ≈≈≈≈≈≈≈ ≈≈ ≈≈≈≈ ≈≈≈≈≈≈ ≈≈≈≈ ≈≈≈≈≈≈≈≈

≈≈≈ ≈≈≈≈≈≈ ≈≈≈≈ ≈≈≈≈≈ ≈≈≈≈≈≈≈ ≈≈≈ ≈≈≈≈≈ ≈≈≈≈≈≈ ≈≈ ≈≈≈≈≈ ≈≈≈≈≈≈≈≈ ≈≈≈≈ ≈≈≈ ≈≈≈≈≈≈ ≈≈≈≈ ≈≈≈≈≈ ≈≈≈≈≈≈≈ ≈≈ ≈≈≈≈ ≈≈≈≈≈≈ ≈≈≈≈ ≈≈≈≈≈≈≈≈

≈≈≈ ≈≈≈≈≈≈ ≈≈≈≈ ≈≈≈≈≈ ≈≈≈≈≈≈≈ ≈≈≈ ≈≈≈≈≈ ≈≈≈≈≈≈ ≈≈ ≈≈≈≈≈ ≈≈≈≈≈≈≈≈ ≈≈≈≈ ≈≈≈ ≈≈≈≈≈≈ ≈≈≈≈ ≈≈≈≈≈ ≈≈≈≈≈≈≈ ≈≈ ≈≈≈≈ ≈≈≈≈≈≈ ≈≈≈≈ ≈≈≈≈≈≈≈≈

≈≈≈ ≈≈≈≈≈≈ ≈≈≈≈ ≈≈≈≈≈ ≈≈≈≈≈≈≈ ≈≈≈ ≈≈≈≈≈ ≈≈≈≈≈≈ ≈≈ ≈≈≈≈≈ ≈≈≈≈≈≈≈≈ ≈≈≈≈ ≈≈≈ ≈≈≈≈≈≈ ≈≈≈≈ ≈≈≈≈≈ ≈≈≈≈≈≈≈ ≈≈ ≈≈≈≈ ≈≈≈≈≈≈ ≈≈≈≈ ≈≈≈≈≈≈≈≈

≈≈≈ ≈≈≈≈≈≈ ≈≈≈≈ ≈≈≈≈≈ ≈≈≈≈≈≈≈ ≈≈≈ ≈≈≈≈≈ ≈≈≈≈≈≈ ≈≈ ≈≈≈≈≈ ≈≈≈≈≈≈≈≈ ≈≈≈≈ ≈≈≈ ≈≈≈≈≈≈ ≈≈≈≈ ≈≈≈≈≈ ≈≈≈≈≈≈≈ ≈≈ ≈≈≈≈ ≈≈≈≈≈≈ ≈≈≈≈ ≈≈≈≈≈≈≈≈

≈≈≈ ≈≈≈≈≈≈ ≈≈≈≈ ≈≈≈≈≈ ≈≈≈≈≈≈≈ ≈≈≈ ≈≈≈≈≈ ≈≈≈≈≈≈ ≈≈ ≈≈≈≈≈ ≈≈≈≈≈≈≈≈ ≈≈≈≈ ≈≈≈ ≈≈≈≈≈≈ ≈≈≈≈ ≈≈≈≈≈ ≈≈≈≈≈≈≈ ≈≈ ≈≈≈≈ ≈≈≈≈≈≈ ≈≈≈≈ ≈≈≈≈≈≈≈≈

≈≈≈ ≈≈≈≈≈≈ ≈≈≈≈ ≈≈≈≈≈ ≈≈≈≈≈≈≈ ≈≈≈ ≈≈≈≈≈ ≈≈≈≈≈≈ ≈≈ ≈≈≈≈≈ ≈≈≈≈≈≈≈≈ ≈≈≈≈ ≈≈≈ ≈≈≈≈≈≈ ≈≈≈≈ ≈≈≈≈≈ ≈≈≈≈≈≈≈ ≈≈ ≈≈≈≈ ≈≈≈≈≈≈ ≈≈≈≈ ≈≈≈≈≈≈≈≈

≈≈≈ ≈≈≈≈≈≈ ≈≈≈≈ ≈≈≈≈≈ ≈≈≈≈≈≈≈ ≈≈≈ ≈≈≈≈≈ ≈≈≈≈≈≈ ≈≈ ≈≈≈≈≈ ≈≈≈≈≈≈≈≈ ≈≈≈≈ ≈≈≈ ≈≈≈≈≈≈ ≈≈≈≈ ≈≈≈≈≈ ≈≈≈≈≈≈≈ ≈≈ ≈≈≈≈ ≈≈≈≈≈≈ ≈≈≈≈ ≈≈≈≈≈≈≈≈

≈≈≈ ≈≈≈≈≈≈ ≈≈≈≈ ≈≈≈≈≈ ≈≈≈≈≈≈≈ ≈≈≈ ≈≈≈≈≈ ≈≈≈≈≈≈ ≈≈ ≈≈≈≈≈ ≈≈≈≈≈≈≈≈ ≈≈≈≈ ≈≈≈ ≈≈≈≈≈≈ ≈≈≈≈ ≈≈≈≈≈ ≈≈≈≈≈≈≈ ≈≈ ≈≈≈≈ ≈≈≈≈≈≈ ≈≈≈≈ ≈≈≈≈≈≈≈≈

≈≈≈ ≈≈≈≈≈≈ ≈≈≈≈ ≈≈≈≈≈ ≈≈≈≈≈≈≈ ≈≈≈ ≈≈≈≈≈ ≈≈≈≈≈≈ ≈≈ ≈≈≈≈≈ ≈≈≈≈≈≈≈≈ ≈≈≈≈ ≈≈≈ ≈≈≈≈≈≈ ≈≈≈≈ ≈≈≈≈≈ ≈≈≈≈≈≈≈ ≈≈ ≈≈≈≈ ≈≈≈≈≈≈ ≈≈≈≈ ≈≈≈≈≈≈≈≈

≈≈≈ ≈≈≈≈≈≈ ≈≈≈≈ ≈≈≈≈≈ ≈≈≈≈≈≈≈ ≈≈≈ ≈≈≈≈≈ ≈≈≈≈≈≈ ≈≈ ≈≈≈≈≈ ≈≈≈≈≈≈≈≈ ≈≈≈≈ ≈≈≈ ≈≈≈≈≈≈ ≈≈≈≈ ≈≈≈≈≈ ≈≈≈≈≈≈≈ ≈≈ ≈≈≈≈ ≈≈≈≈≈≈ ≈≈≈≈ ≈≈≈≈≈≈≈≈

≈≈≈ ≈≈≈≈≈≈ ≈≈≈≈ ≈≈≈≈≈ ≈≈≈≈≈≈≈ ≈≈≈ ≈≈≈≈≈ ≈≈≈≈≈≈ ≈≈ ≈≈≈≈≈ ≈≈≈≈≈≈≈≈ ≈≈≈≈ ≈≈≈ ≈≈≈≈≈≈ ≈≈≈≈ ≈≈≈≈≈ ≈≈≈≈≈≈≈ ≈≈ ≈≈≈≈ ≈≈≈≈≈≈ ≈≈≈≈ ≈≈≈≈≈≈≈≈

* Der Reichsbank-Abrechnungsverkehr im I. Quartal.

Im Monat März hat der Abrechnungsverkehr bei der Reichsbank nicht unbeträchtliche Steigerung erfahren.

Mill. M	1907	1908	1909	1910	1911	1912	1913	1914	1915
Januar	3.399	3.646	4.338	5.047	5.561	5.955	6.395	6.817	5.125
Februar	3.299	3.500	3.949	4.480	4.906	5.298	5.700	6.018	4.590
März	3.731	3.950	4.472	5.103	5.563	6.035	6.389	7.011	5.313
April	3.568	3.660	4.162	4.775	5.155	5.626	5.959	6.381	
Mai	3.473	3.612	4.191	4.766	5.257	5.700	6.063	6.473	
Juni	3.633	3.709	4.301	4.871	5.370	5.892	6.206	6.577	
Juli	3.634	3.897	4.417	4.906	5.560	6.073	6.407	6.981	
August	3.506	3.541	4.096	4.612	5.056	5.623	5.955	3.890	
September	3.650	3.706	4.327	4.887	5.432	5.869	6.175	4.330	
Oktober	3.835	3.956	4.484	5.114	5.683	6.139	6.508	4.816	
November	3.727	3.860	4.460	5.045	5.549	5.945	6.299	4.612	
Dezember	3.864	4.110	4.661	5.283	5.780	6.197	6.663	5.015	
ganz. Jahr	43.313	45.581	51.428	58.949	62.015	72.544	71.183	66.645	
I. Quartal	10.776	11.196	12.759	14.630	16.030	17.288	18.454	20.776	14.944

≈≈≈ ≈≈≈≈≈≈ ≈≈≈≈ ≈≈≈≈≈ ≈≈≈≈≈≈≈ ≈≈≈ ≈≈≈≈≈ ≈≈≈≈≈≈ ≈≈ ≈≈≈≈≈ ≈≈≈≈≈≈≈≈ ≈≈≈≈ ≈≈≈ ≈≈≈≈≈≈ ≈≈≈≈ ≈≈≈≈≈ ≈≈≈≈≈≈≈ ≈≈ ≈≈≈≈ ≈≈≈≈≈≈ ≈≈≈≈ ≈≈≈≈≈≈≈≈

* Rock Island — Chicago Rock Island Railway.

Man schreibt uns: Die Rock Island, die vor ein paar Jahren so viel von sich reden machte, ist neuerdings wieder in den Mittelpunkt des Interesses gerückt.

≈≈≈ ≈≈≈≈≈≈ ≈≈≈≈ ≈≈≈≈≈ ≈≈≈≈≈≈≈ ≈≈≈ ≈≈≈≈≈ ≈≈≈≈≈≈ ≈≈ ≈≈≈≈≈ ≈≈≈≈≈≈≈≈ ≈≈≈≈ ≈≈≈ ≈≈≈≈≈≈ ≈≈≈≈ ≈≈≈≈≈ ≈≈≈≈≈≈≈ ≈≈ ≈≈≈≈ ≈≈≈≈≈≈ ≈≈≈≈ ≈≈≈≈≈≈≈≈

≈≈≈ ≈≈≈≈≈≈ ≈≈≈≈ ≈≈≈≈≈ ≈≈≈≈≈≈≈ ≈≈≈ ≈≈≈≈≈ ≈≈≈≈≈≈ ≈≈ ≈≈≈≈≈ ≈≈≈≈≈≈≈≈ ≈≈≈≈ ≈≈≈ ≈≈≈≈≈≈ ≈≈≈≈ ≈≈≈≈≈ ≈≈≈≈≈≈≈ ≈≈ ≈≈≈≈ ≈≈≈≈≈≈ ≈≈≈≈ ≈≈≈≈≈≈≈≈

≈≈≈ ≈≈≈≈≈≈ ≈≈≈≈ ≈≈≈≈≈ ≈≈≈≈≈≈≈ ≈≈≈ ≈≈≈≈≈ ≈≈≈≈≈≈ ≈≈ ≈≈≈≈≈ ≈≈≈≈≈≈≈≈ ≈≈≈≈ ≈≈≈ ≈≈≈≈≈≈ ≈≈≈≈ ≈≈≈≈≈ ≈≈≈≈≈≈≈ ≈≈ ≈≈≈≈ ≈≈≈≈≈≈ ≈≈≈≈ ≈≈≈≈≈≈≈≈

≈≈≈ ≈≈≈≈≈≈ ≈≈≈≈ ≈≈≈≈≈ ≈≈≈≈≈≈≈ ≈≈≈ ≈≈≈≈≈ ≈≈≈≈≈≈ ≈≈ ≈≈≈≈≈ ≈≈≈≈≈≈≈≈ ≈≈≈≈ ≈≈≈ ≈≈≈≈≈≈ ≈≈≈≈ ≈≈≈≈≈ ≈≈≈≈≈≈≈ ≈≈ ≈≈≈≈ ≈≈≈≈≈≈ ≈≈≈≈ ≈≈≈≈≈≈≈≈

≈≈≈ ≈≈≈≈≈≈ ≈≈≈≈ ≈≈≈≈≈ ≈≈≈≈≈≈≈ ≈≈≈ ≈≈≈≈≈ ≈≈≈≈≈≈ ≈≈ ≈≈≈≈≈ ≈≈≈≈≈≈≈≈ ≈≈≈≈ ≈≈≈ ≈≈≈≈≈≈ ≈≈≈≈ ≈≈≈≈≈ ≈≈≈≈≈≈≈ ≈≈ ≈≈≈≈ ≈≈≈≈≈≈ ≈≈≈≈ ≈≈≈≈≈≈≈≈

≈≈≈ ≈≈≈≈≈≈ ≈≈≈≈ ≈≈≈≈≈ ≈≈≈≈≈≈≈ ≈≈≈ ≈≈≈≈≈ ≈≈≈≈≈≈ ≈≈ ≈≈≈≈≈ ≈≈≈≈≈≈≈≈ ≈≈≈≈ ≈≈≈ ≈≈≈≈≈≈ ≈≈≈≈ ≈≈≈≈≈ ≈≈≈≈≈≈≈ ≈≈ ≈≈≈≈ ≈≈≈≈≈≈ ≈≈≈≈ ≈≈≈≈≈≈≈≈

≈≈≈ ≈≈≈≈≈≈ ≈≈≈≈ ≈≈≈≈≈ ≈≈≈≈≈≈≈ ≈≈≈ ≈≈≈≈≈ ≈≈≈≈≈≈ ≈≈ ≈≈≈≈≈ ≈≈≈≈≈≈≈≈ ≈≈≈≈ ≈≈≈ ≈≈≈≈≈≈ ≈≈≈≈ ≈≈≈≈≈ ≈≈≈≈≈≈≈ ≈≈ ≈≈≈≈ ≈≈≈≈≈≈ ≈≈≈≈ ≈≈≈≈≈≈≈≈

≈≈≈ ≈≈≈≈≈≈ ≈≈≈≈ ≈≈≈≈≈ ≈≈≈≈≈≈≈ ≈≈≈ ≈≈≈≈≈ ≈≈≈≈≈≈ ≈≈ ≈≈≈≈≈ ≈≈≈≈≈≈≈≈ ≈≈≈≈ ≈≈≈ ≈≈≈≈≈≈ ≈≈≈≈ ≈≈≈≈≈ ≈≈≈≈≈≈≈ ≈≈ ≈≈≈≈ ≈≈≈≈≈≈ ≈≈≈≈ ≈≈≈≈≈≈≈≈

≈≈≈ ≈≈≈≈≈≈ ≈≈≈≈ ≈≈≈≈≈ ≈≈≈≈≈≈≈ ≈≈≈ ≈≈≈≈≈ ≈≈≈≈≈≈ ≈≈ ≈≈≈≈≈ ≈≈≈≈≈≈≈≈ ≈≈≈≈ ≈≈≈ ≈≈≈≈≈≈ ≈≈≈≈ ≈≈≈≈≈ ≈≈≈≈≈≈≈ ≈≈ ≈≈≈≈ ≈≈≈≈≈≈ ≈≈≈≈ ≈≈≈≈≈≈≈≈

≈≈≈ ≈≈≈≈≈≈ ≈≈≈≈ ≈≈≈≈≈ ≈≈≈≈≈≈≈ ≈≈≈ ≈≈≈≈≈ ≈≈≈≈≈≈ ≈≈ ≈≈≈≈≈ ≈≈≈≈≈≈≈≈ ≈≈≈≈ ≈≈≈ ≈≈≈≈≈≈ ≈≈≈≈ ≈≈≈≈≈ ≈≈≈≈≈≈≈ ≈≈ ≈≈≈≈ ≈≈≈≈≈≈ ≈≈≈≈ ≈≈≈≈≈≈≈≈

≈≈≈ ≈≈≈≈≈≈ ≈≈≈≈ ≈≈≈≈≈ ≈≈≈≈≈≈≈ ≈≈≈ ≈≈≈≈≈ ≈≈≈≈≈≈ ≈≈ ≈≈≈≈≈ ≈≈≈≈≈≈≈≈ ≈≈≈≈ ≈≈≈ ≈≈≈≈≈≈ ≈≈≈≈ ≈≈≈≈≈ ≈≈≈≈≈≈≈ ≈≈ ≈≈≈≈ ≈≈≈≈≈≈ ≈≈≈≈ ≈≈≈≈≈≈≈≈

≈≈≈ ≈≈≈≈≈≈ ≈≈≈≈ ≈≈≈≈≈ ≈≈≈≈≈≈≈ ≈≈≈ ≈≈≈≈≈ ≈≈≈≈≈≈ ≈≈ ≈≈≈≈≈ ≈≈≈≈≈≈≈≈ ≈≈≈≈ ≈≈≈ ≈≈≈≈≈≈ ≈≈≈≈ ≈≈≈≈≈ ≈≈≈≈≈≈≈ ≈≈ ≈≈≈≈ ≈≈≈≈≈≈ ≈≈≈≈ ≈≈≈≈≈≈≈≈

* Erhöhung der Bierpreise in Rheinland-Westfalen.

Aus Düsseldorf, 5. d. M., wird uns geschrieben: Die sämtlichen in Rheinland-Westfalen bestehenden Brauerverbände sind übereingekommen, die Bierpreise um 3 Mark pro Hektoliter zu erhöhen.

≈≈≈ ≈≈≈≈≈≈ ≈≈≈≈ ≈≈≈≈≈ ≈≈≈≈≈≈≈ ≈≈≈ ≈≈≈≈≈ ≈≈≈≈≈≈ ≈≈ ≈≈≈≈≈ ≈≈≈≈≈≈≈≈ ≈≈≈≈ ≈≈≈ ≈≈≈≈≈≈ ≈≈≈≈ ≈≈≈≈≈ ≈≈≈≈≈≈≈ ≈≈ ≈≈≈≈ ≈≈≈≈≈≈ ≈≈≈≈ ≈≈≈≈≈≈≈≈

≈≈≈ ≈≈≈≈≈≈ ≈≈≈≈ ≈≈≈≈≈ ≈≈≈≈≈≈≈ ≈≈≈ ≈≈≈≈≈ ≈≈≈≈≈≈ ≈≈ ≈≈≈≈≈ ≈≈≈≈≈≈≈≈ ≈≈≈≈ ≈≈≈ ≈≈≈≈≈≈ ≈≈≈≈ ≈≈≈≈≈ ≈≈≈≈≈≈≈ ≈≈ ≈≈≈≈ ≈≈≈≈≈≈ ≈≈≈≈ ≈≈≈≈≈≈≈≈

≈≈≈ ≈≈≈≈≈≈ ≈≈≈≈ ≈≈≈≈≈ ≈≈≈≈≈≈≈ ≈≈≈ ≈≈≈≈≈ ≈≈≈≈≈≈ ≈≈ ≈≈≈≈≈ ≈≈≈≈≈≈≈≈ ≈≈≈≈ ≈≈≈ ≈≈≈≈≈≈ ≈≈≈≈ ≈≈≈≈≈ ≈≈≈≈≈≈≈ ≈≈ ≈≈≈≈ ≈≈≈≈≈≈ ≈≈≈≈ ≈≈≈≈≈≈≈≈

≈≈≈ ≈≈≈≈≈≈ ≈≈≈≈ ≈≈≈≈≈ ≈≈≈≈≈≈≈ ≈≈≈ ≈≈≈≈≈ ≈≈≈≈≈≈ ≈≈ ≈≈≈≈≈ ≈≈≈≈≈≈≈≈ ≈≈≈≈ ≈≈≈ ≈≈≈≈≈≈ ≈≈≈≈ ≈≈≈≈≈ ≈≈≈≈≈≈≈ ≈≈ ≈≈≈≈ ≈≈≈≈≈≈ ≈≈≈≈ ≈≈≈≈≈≈≈≈

≈≈≈ ≈≈≈≈≈≈ ≈≈≈≈ ≈≈≈≈≈ ≈≈≈≈≈≈≈ ≈≈≈ ≈≈≈≈≈ ≈≈≈≈≈≈ ≈≈ ≈≈≈≈≈ ≈≈≈≈≈≈≈≈ ≈≈≈≈ ≈≈≈ ≈≈≈≈≈≈ ≈≈≈≈ ≈≈≈≈≈ ≈≈≈≈≈≈≈ ≈≈ ≈≈≈≈ ≈≈≈≈≈≈ ≈≈≈≈ ≈≈≈≈≈≈≈≈

≈≈≈ ≈≈≈≈≈≈ ≈≈≈≈ ≈≈≈≈≈ ≈≈≈≈≈≈≈ ≈≈≈ ≈≈≈≈≈ ≈≈≈≈≈≈ ≈≈ ≈≈≈≈≈ ≈≈≈≈≈≈≈≈ ≈≈≈≈ ≈≈≈ ≈≈≈≈≈≈ ≈≈≈≈ ≈≈≈≈≈ ≈≈≈≈≈≈≈ ≈≈ ≈≈≈≈ ≈≈≈≈≈≈ ≈≈≈≈ ≈≈≈≈≈≈≈≈

≈≈≈ ≈≈≈≈≈≈ ≈≈≈≈ ≈≈≈≈≈ ≈≈≈≈≈≈≈ ≈≈≈ ≈≈≈≈≈ ≈≈≈≈≈≈ ≈≈ ≈≈≈≈≈ ≈≈≈≈≈≈≈≈ ≈≈≈≈ ≈≈≈ ≈≈≈≈≈≈ ≈≈≈≈ ≈≈≈≈≈ ≈≈≈≈≈≈≈ ≈≈ ≈≈≈≈ ≈≈≈≈≈≈ ≈≈≈≈ ≈≈≈≈≈≈≈≈

≈≈≈ ≈≈≈≈≈≈ ≈≈≈≈ ≈≈≈≈≈ ≈≈≈≈≈≈≈ ≈≈≈ ≈≈≈≈≈ ≈≈≈≈≈≈ ≈≈ ≈≈≈≈≈ ≈≈≈≈≈≈≈≈ ≈≈≈≈ ≈≈≈ ≈≈≈≈≈≈ ≈≈≈≈ ≈≈≈≈≈ ≈≈≈≈≈≈≈ ≈≈ ≈≈≈≈ ≈≈≈≈≈≈ ≈≈≈≈ ≈≈≈≈≈≈≈≈

≈≈≈ ≈≈≈≈≈≈ ≈≈≈≈ ≈≈≈≈≈ ≈≈≈≈≈≈≈ ≈≈≈ ≈≈≈≈≈ ≈≈≈≈≈≈ ≈≈ ≈≈≈≈≈ ≈≈≈≈≈≈≈≈ ≈≈≈≈ ≈≈≈ ≈≈≈≈≈≈ ≈≈≈≈ ≈≈≈≈≈ ≈≈≈≈≈≈≈ ≈≈ ≈≈≈≈ ≈≈≈≈≈≈ ≈≈≈≈ ≈≈≈≈≈≈≈≈

≈≈≈ ≈≈≈≈≈≈ ≈≈≈≈ ≈≈≈≈≈ ≈≈≈≈≈≈≈ ≈≈≈ ≈≈≈≈≈ ≈≈≈≈≈≈ ≈≈ ≈≈≈≈≈ ≈≈≈≈≈≈≈≈ ≈≈≈≈ ≈≈≈ ≈≈≈≈≈≈ ≈≈≈≈ ≈≈≈≈≈ ≈≈≈≈≈≈≈ ≈≈ ≈≈≈≈ ≈≈≈≈≈≈ ≈≈≈≈ ≈≈≈≈≈≈≈≈

schlagen zunächst große Meinungsverschiedenheiten herrschten, so schließlich doch eine Einigung dahin zustande gekommen.

≈≈≈ ≈≈≈≈≈≈ ≈≈≈≈ ≈≈≈≈≈ ≈≈≈≈≈≈≈ ≈≈≈ ≈≈≈≈≈ ≈≈≈≈≈≈ ≈≈ ≈≈≈≈≈ ≈≈≈≈≈≈≈≈ ≈≈≈≈ ≈≈≈ ≈≈≈≈≈≈ ≈≈≈≈ ≈≈≈≈≈ ≈≈≈≈≈≈≈ ≈≈ ≈≈≈≈ ≈≈≈≈≈≈ ≈≈≈≈ ≈≈≈≈≈≈≈≈

≈≈≈ ≈≈≈≈≈≈ ≈≈≈≈ ≈≈≈≈≈ ≈≈≈≈≈≈≈ ≈≈≈ ≈≈≈≈≈ ≈≈≈≈≈≈ ≈≈ ≈≈≈≈≈ ≈≈≈≈≈≈≈≈ ≈≈≈≈ ≈≈≈ ≈≈≈≈≈≈ ≈≈≈≈ ≈≈≈≈≈ ≈≈≈≈≈≈≈ ≈≈ ≈≈≈≈ ≈≈≈≈≈≈ ≈≈≈≈ ≈≈≈≈≈≈≈≈

≈≈≈ ≈≈≈≈≈≈ ≈≈≈≈ ≈≈≈≈≈ ≈≈≈≈≈≈≈ ≈≈≈ ≈≈≈≈≈ ≈≈≈≈≈≈ ≈≈ ≈≈≈≈≈ ≈≈≈≈≈≈≈≈ ≈≈≈≈ ≈≈≈ ≈≈≈≈≈≈ ≈≈≈≈ ≈≈≈≈≈ ≈≈≈≈≈≈≈ ≈≈ ≈≈≈≈ ≈≈≈≈≈≈ ≈≈≈≈ ≈≈≈≈≈≈≈≈

* Elsässisch-Badische Wollfabriken, Kehl.

Aus Athen, 27. März, wird uns geschrieben: Bei der Besprechung des Geschäftsberichtes dieser Gesellschaft ist bemerkt worden.

≈≈≈ ≈≈≈≈≈≈ ≈≈≈≈ ≈≈≈≈≈ ≈≈≈≈≈≈≈ ≈≈≈ ≈≈≈≈≈ ≈≈≈≈≈≈ ≈≈ ≈≈≈≈≈ ≈≈≈≈≈≈≈≈ ≈≈≈≈ ≈≈≈ ≈≈≈≈≈≈ ≈≈≈≈ ≈≈≈≈≈ ≈≈≈≈≈≈≈ ≈≈ ≈≈≈≈ ≈≈≈≈≈≈ ≈≈≈≈ ≈≈≈≈≈≈≈≈

≈≈≈ ≈≈≈≈≈≈ ≈≈≈≈ ≈≈≈≈≈ ≈≈≈≈≈≈≈ ≈≈≈ ≈≈≈≈≈ ≈≈≈≈≈≈ ≈≈ ≈≈≈≈≈ ≈≈≈≈≈≈≈≈ ≈≈≈≈ ≈≈≈ ≈≈≈≈≈≈ ≈≈≈≈ ≈≈≈≈≈ ≈≈≈≈≈≈≈ ≈≈ ≈≈≈≈ ≈≈≈≈≈≈ ≈≈≈≈ ≈≈≈≈≈≈≈≈

≈≈≈ ≈≈≈≈≈≈ ≈≈≈≈ ≈≈≈≈≈ ≈≈≈≈≈≈≈ ≈≈≈ ≈≈≈≈≈ ≈≈≈≈≈≈ ≈≈ ≈≈≈≈≈ ≈≈≈≈≈≈≈≈ ≈≈≈≈ ≈≈≈ ≈≈≈≈≈≈ ≈≈≈≈ ≈≈≈≈≈ ≈≈≈≈≈≈≈ ≈≈ ≈≈≈≈ ≈≈≈≈≈≈ ≈≈≈≈ ≈≈≈≈≈≈≈≈

≈≈≈ ≈≈≈≈≈≈ ≈≈≈≈ ≈≈≈≈≈ ≈≈≈≈≈≈≈ ≈≈≈ ≈≈≈≈≈ ≈≈≈≈≈≈ ≈≈ ≈≈≈≈≈ ≈≈≈≈≈≈≈≈ ≈≈≈≈ ≈≈≈ ≈≈≈≈≈≈ ≈≈≈≈ ≈≈≈≈≈ ≈≈≈≈≈≈≈ ≈≈ ≈≈≈≈ ≈≈≈≈≈≈ ≈≈≈≈ ≈≈≈≈≈≈≈≈

≈≈≈ ≈≈≈≈≈≈ ≈≈≈≈ ≈≈≈≈≈ ≈≈≈≈≈≈≈ ≈≈≈ ≈≈≈≈≈ ≈≈≈≈≈≈ ≈≈ ≈≈≈≈≈ ≈≈≈≈≈≈≈≈ ≈≈≈≈ ≈≈≈ ≈≈≈≈≈≈ ≈≈≈≈ ≈≈≈≈≈ ≈≈≈≈≈≈≈ ≈≈ ≈≈≈≈ ≈≈≈≈≈≈ ≈≈≈≈ ≈≈≈≈≈≈≈≈

≈≈≈ ≈≈≈≈≈≈ ≈≈≈≈ ≈≈≈≈≈ ≈≈≈≈≈≈≈ ≈≈≈ ≈≈≈≈≈ ≈≈≈≈≈≈ ≈≈ ≈≈≈≈≈ ≈≈≈≈≈≈≈≈ ≈≈≈≈ ≈≈≈ ≈≈≈≈≈≈ ≈≈≈≈ ≈≈≈≈≈ ≈≈≈≈≈≈≈ ≈≈ ≈≈≈≈ ≈≈≈≈≈≈ ≈≈≈≈ ≈≈≈≈≈≈≈≈

≈≈≈ ≈≈≈≈≈≈ ≈≈≈≈ ≈≈≈≈≈ ≈≈≈≈≈≈≈ ≈≈≈ ≈≈≈≈≈ ≈≈≈≈≈≈ ≈≈ ≈≈≈≈≈ ≈≈≈≈≈≈≈≈ ≈≈≈≈ ≈≈≈ ≈≈≈≈≈≈ ≈≈≈≈ ≈≈≈≈≈ ≈≈≈≈≈≈≈ ≈≈ ≈≈≈≈ ≈≈≈≈≈≈ ≈≈≈≈ ≈≈≈≈≈≈≈≈

≈≈≈ ≈≈≈≈≈≈ ≈≈≈≈ ≈≈≈≈≈ ≈≈≈≈≈≈≈ ≈≈≈ ≈≈≈≈≈ ≈≈≈≈≈≈ ≈≈ ≈≈≈≈≈ ≈≈≈≈≈≈≈≈ ≈≈≈≈ ≈≈≈ ≈≈≈≈≈≈ ≈≈≈≈ ≈≈≈≈≈ ≈≈≈≈≈≈≈ ≈≈ ≈≈≈≈ ≈≈≈≈≈≈ ≈≈≈≈ ≈≈≈≈≈≈≈≈

≈≈≈ ≈≈≈≈≈≈ ≈≈≈≈ ≈≈≈≈≈ ≈≈≈≈≈≈≈ ≈≈≈ ≈≈≈≈≈ ≈≈≈≈≈≈ ≈≈ ≈≈≈≈≈ ≈≈≈≈≈≈≈≈ ≈≈≈≈ ≈≈≈ ≈≈≈≈≈≈ ≈≈≈≈ ≈≈≈≈≈ ≈≈≈≈≈≈≈ ≈≈ ≈≈≈≈ ≈≈≈≈≈≈ ≈≈≈≈ ≈≈≈≈≈≈≈≈

≈≈≈ ≈≈≈≈≈≈ ≈≈≈≈ ≈≈≈≈≈ ≈≈≈≈≈≈≈ ≈≈≈ ≈≈≈≈≈ ≈≈≈≈≈≈ ≈≈ ≈≈≈≈≈ ≈≈≈≈≈≈≈≈ ≈≈≈≈ ≈≈≈ ≈≈≈≈≈≈ ≈≈≈≈ ≈≈≈≈≈ ≈≈≈≈≈≈≈ ≈≈ ≈≈≈≈ ≈≈≈≈≈≈ ≈≈≈≈ ≈≈≈≈≈≈≈≈

≈≈≈ ≈≈≈≈≈≈ ≈≈≈≈ ≈≈≈≈≈ ≈≈≈≈≈≈≈ ≈≈≈ ≈≈≈≈≈ ≈≈≈≈≈≈ ≈≈ ≈≈≈≈≈ ≈≈≈≈≈≈≈≈ ≈≈≈≈ ≈≈≈ ≈≈≈≈≈≈ ≈≈≈≈ ≈≈≈≈≈ ≈≈≈≈≈≈≈ ≈≈ ≈≈≈≈ ≈≈≈≈≈≈ ≈≈≈≈ ≈≈≈≈≈≈≈≈

≈≈≈ ≈≈≈≈≈≈ ≈≈≈≈ ≈≈≈≈≈ ≈≈≈≈≈≈≈ ≈≈≈ ≈≈≈≈≈ ≈≈≈≈≈≈ ≈≈ ≈≈≈≈≈ ≈≈≈≈≈≈≈≈ ≈≈≈≈ ≈≈≈ ≈≈≈≈≈≈ ≈≈≈≈ ≈≈≈≈≈ ≈≈≈≈≈≈≈ ≈≈ ≈≈≈≈ ≈≈≈≈≈≈ ≈≈≈≈ ≈≈≈≈≈≈≈≈

* Löbauer Bank, Löbau i. S.

Aus Zittau, 3. d. M., wird uns geschrieben: Nach dem Geschäftsbericht ist der Gesamtumsatz auf einer Seite des Hauptbuches gestiegen.

≈≈≈ ≈≈≈≈≈≈ ≈≈≈≈ ≈≈≈≈≈ ≈≈≈≈≈≈≈ ≈≈≈ ≈≈≈≈≈ ≈≈≈≈≈≈ ≈≈ ≈≈≈≈≈ ≈≈≈≈≈≈≈≈ ≈≈≈≈ ≈≈≈ ≈≈≈≈≈≈ ≈≈≈≈ ≈≈≈≈≈ ≈≈≈≈≈≈≈ ≈≈ ≈≈≈≈ ≈≈≈≈≈≈ ≈≈≈≈ ≈≈≈≈≈≈≈≈

≈≈≈ ≈≈≈≈≈≈ ≈≈≈≈ ≈≈≈≈≈ ≈≈≈≈≈≈≈ ≈≈≈ ≈≈≈≈≈ ≈≈≈≈≈≈ ≈≈ ≈≈≈≈≈ ≈≈≈≈≈≈≈≈ ≈≈≈≈ ≈≈≈ ≈≈≈≈≈≈ ≈≈≈≈ ≈≈≈≈≈ ≈≈≈≈≈≈≈ ≈≈ ≈≈≈≈ ≈≈≈≈≈≈ ≈≈≈≈ ≈≈≈≈≈≈≈≈

≈≈≈ ≈≈≈≈≈≈ ≈≈≈≈ ≈≈≈≈≈ ≈≈≈≈≈≈≈ ≈≈≈ ≈≈≈≈≈ ≈≈≈≈≈≈ ≈≈ ≈≈≈≈≈ ≈≈≈≈≈≈≈≈ ≈≈≈≈ ≈≈≈ ≈≈≈≈≈≈ ≈≈≈≈ ≈≈≈≈≈ ≈≈≈≈≈≈≈ ≈≈ ≈≈≈≈ ≈≈≈≈≈≈ ≈≈≈≈ ≈≈≈≈≈≈≈≈

≈≈≈ ≈≈≈≈≈≈ ≈≈≈≈ ≈≈≈≈≈ ≈≈≈≈≈≈≈ ≈≈≈ ≈≈≈≈≈ ≈≈≈≈≈≈ ≈≈ ≈≈≈≈≈ ≈≈≈≈≈≈≈≈ ≈≈≈≈ ≈≈≈ ≈≈≈≈≈≈ ≈≈≈≈ ≈≈≈≈≈ ≈≈≈≈≈≈≈ ≈≈ ≈≈≈≈ ≈≈≈≈≈≈ ≈≈≈≈ ≈≈≈≈≈≈≈≈

≈≈≈ ≈≈≈≈≈≈ ≈≈≈≈ ≈≈≈≈≈ ≈≈≈≈≈≈≈ ≈≈≈ ≈≈≈≈≈ ≈≈≈≈≈≈ ≈≈ ≈≈≈≈≈ ≈≈≈≈≈≈≈≈ ≈≈≈≈ ≈≈≈ ≈≈≈≈≈≈ ≈≈≈≈ ≈≈≈≈≈ ≈≈≈≈≈≈≈ ≈≈ ≈≈≈≈ ≈≈≈≈≈≈ ≈≈≈≈ ≈≈≈≈≈≈≈≈

≈≈≈ ≈≈≈≈≈≈ ≈≈≈≈ ≈≈≈≈≈ ≈≈≈≈≈≈≈ ≈≈≈ ≈≈≈≈≈ ≈≈≈≈≈≈ ≈≈ ≈≈≈≈≈ ≈≈≈≈≈≈≈≈ ≈≈≈≈ ≈≈≈ ≈≈≈≈≈≈ ≈≈≈≈ ≈≈≈≈≈ ≈≈≈≈≈≈≈ ≈≈ ≈≈≈≈ ≈≈≈≈≈≈ ≈≈≈≈ ≈≈≈≈≈≈≈≈

≈≈≈ ≈≈≈≈≈≈ ≈≈≈≈ ≈≈≈≈≈ ≈≈≈≈≈≈≈ ≈≈≈ ≈≈≈≈≈ ≈≈≈≈≈≈ ≈≈ ≈≈≈≈≈ ≈≈≈≈≈≈≈≈ ≈≈≈≈ ≈≈≈ ≈≈≈≈≈≈ ≈≈≈≈ ≈≈≈≈≈ ≈≈≈≈≈≈≈ ≈≈ ≈≈≈≈ ≈≈≈≈≈≈ ≈≈≈≈ ≈≈≈≈≈≈≈≈

≈≈≈ ≈≈≈≈≈≈ ≈≈≈≈ ≈≈≈≈≈ ≈≈≈≈≈≈≈ ≈≈≈ ≈≈≈≈≈ ≈≈≈≈≈≈ ≈≈ ≈≈≈≈≈ ≈≈≈≈≈≈≈≈ ≈≈≈≈ ≈≈≈ ≈≈≈≈≈≈ ≈≈≈≈ ≈≈≈≈≈ ≈≈≈≈≈≈≈ ≈≈ ≈≈≈≈ ≈≈≈≈≈≈ ≈≈≈≈ ≈≈≈≈≈≈≈≈

≈≈≈ ≈≈≈≈≈≈ ≈≈≈≈ ≈≈≈≈≈ ≈≈≈≈≈≈≈ ≈≈≈ ≈≈≈≈≈ ≈≈≈≈≈≈ ≈≈ ≈≈≈≈≈ ≈≈≈≈≈≈≈≈ ≈≈≈≈ ≈≈≈ ≈≈≈≈≈≈ ≈≈≈≈ ≈≈≈≈≈ ≈≈≈≈≈≈≈ ≈≈ ≈≈≈≈ ≈≈≈≈≈≈ ≈≈≈≈ ≈≈≈≈≈≈≈≈

≈≈≈ ≈≈≈≈≈≈ ≈≈≈≈ ≈≈≈≈≈ ≈≈≈≈≈≈≈ ≈≈≈ ≈≈≈≈≈ ≈≈≈≈≈≈ ≈≈ ≈≈≈≈≈ ≈≈≈≈≈≈≈≈ ≈≈≈≈ ≈≈≈ ≈≈≈≈≈≈ ≈≈≈≈ ≈≈≈≈≈ ≈≈≈≈≈≈≈ ≈≈ ≈≈≈≈ ≈≈≈≈≈≈ ≈≈≈≈ ≈≈≈≈≈≈≈≈

≈≈≈ ≈≈≈≈≈≈ ≈≈≈≈ ≈≈≈≈≈ ≈≈≈≈≈≈≈ ≈≈≈ ≈≈≈≈≈ ≈≈≈≈≈≈ ≈≈ ≈≈≈≈≈ ≈≈≈≈≈≈≈≈ ≈≈≈≈ ≈≈≈ ≈≈≈≈≈≈ ≈≈≈≈ ≈≈≈≈≈ ≈≈≈≈≈≈≈ ≈≈ ≈≈≈≈ ≈≈≈≈≈≈ ≈≈≈≈ ≈≈≈≈≈≈≈≈

≈≈≈ ≈≈≈≈≈≈ ≈≈≈≈ ≈≈≈≈≈ ≈≈≈≈≈≈≈ ≈≈≈ ≈≈≈≈≈ ≈≈≈≈≈≈ ≈≈ ≈≈≈≈≈ ≈≈≈≈≈≈≈≈ ≈≈≈≈ ≈≈≈ ≈≈≈≈≈≈ ≈≈≈≈ ≈≈≈≈≈ ≈≈≈≈≈≈≈ ≈≈ ≈≈≈≈ ≈≈≈≈≈≈ ≈≈≈≈ ≈≈≈≈≈≈≈≈

≈≈≈ ≈≈≈≈≈≈ ≈≈≈≈ ≈≈≈≈≈ ≈≈≈≈≈≈≈ ≈≈≈ ≈≈≈≈≈ ≈≈≈≈≈≈ ≈≈ ≈≈≈≈≈ ≈≈≈≈≈≈≈≈ ≈≈≈≈ ≈≈≈ ≈≈≈≈≈≈ ≈≈≈≈ ≈≈≈≈≈ ≈≈≈≈≈≈≈ ≈≈ ≈≈≈≈ ≈≈≈≈≈≈ ≈≈≈≈ ≈≈≈≈≈≈≈≈

* Rümelinger und St. Ingberter Hochofen- und Stahlwerke A.-G., Rümelingen.

Aus St. Ingbert, 5. d. M., wird uns geschrieben: Die hiesige Gesellschaft hat in der gestrigen Aufsichtsratssitzung die Bilanz festgestellt.

≈≈≈ ≈≈≈≈≈≈ ≈≈≈≈ ≈≈≈≈≈ ≈≈≈≈≈≈≈ ≈≈≈ ≈≈≈≈≈ ≈≈≈≈≈≈ ≈≈ ≈≈≈≈≈ ≈≈≈≈≈≈≈≈ ≈≈≈≈ ≈≈≈ ≈≈≈≈≈≈ ≈≈≈≈ ≈≈≈≈≈ ≈≈≈≈≈≈≈ ≈≈ ≈≈≈≈ ≈≈≈≈≈≈ ≈≈≈≈ ≈≈≈≈≈≈≈≈

≈≈≈ ≈≈≈≈≈≈ ≈≈≈≈ ≈≈≈≈≈ ≈≈≈≈≈≈≈ ≈≈≈ ≈≈≈≈≈ ≈≈≈≈≈≈ ≈≈ ≈≈≈≈≈ ≈≈≈≈≈≈≈≈ ≈≈≈≈ ≈≈≈ ≈≈≈≈≈≈ ≈≈≈≈ ≈≈≈≈≈ ≈≈≈≈≈≈≈ ≈≈ ≈≈≈≈ ≈≈≈≈≈≈ ≈≈≈≈ ≈≈≈≈≈≈≈≈

≈≈≈ ≈≈≈≈≈≈ ≈≈≈≈ ≈≈≈≈≈ ≈≈≈≈≈≈≈ ≈≈≈ ≈≈≈≈≈ ≈≈≈≈≈≈ ≈≈ ≈≈≈≈≈ ≈≈≈≈≈≈≈≈ ≈≈≈≈ ≈≈≈ ≈≈≈≈≈≈ ≈≈≈≈ ≈≈≈≈≈ ≈≈≈≈≈≈≈ ≈≈ ≈≈≈≈ ≈≈≈≈≈≈ ≈≈≈≈ ≈≈≈≈≈≈≈≈

Neue Anleihe der Stadt Minden i. W.

Wie uns aus Minden geschrieben wird, gestattete der Minister des Innern der Stadt Minden die Aufnahme einer Anleihe.

≈≈≈ ≈≈≈≈≈≈ ≈≈≈≈ ≈≈≈≈≈ ≈≈≈≈≈≈≈ ≈≈≈ ≈≈≈≈≈ ≈≈≈≈≈≈ ≈≈ ≈≈≈≈≈ ≈≈≈≈≈≈≈≈ ≈≈≈≈ ≈≈≈ ≈≈≈≈≈≈ ≈≈≈≈ ≈≈≈≈≈ ≈≈≈≈≈≈≈ ≈≈ ≈≈≈≈ ≈≈≈≈≈≈ ≈≈≈≈ ≈≈≈≈≈≈≈≈

* Saccharin-Fabrik, A.-G., vorm. Fahlberg, List & Co., Magdeburg-Südost.

Die Gesellschaft erzielte in 1914 einen Rohgewinn von M 1 066 998.

≈≈≈ ≈≈≈≈≈≈ ≈≈≈≈ ≈≈≈≈≈ ≈≈≈≈≈≈≈ ≈≈≈ ≈≈≈≈≈ ≈≈≈≈≈≈ ≈≈ ≈≈≈≈≈ ≈≈≈≈≈≈≈≈ ≈≈≈≈ ≈≈≈ ≈≈≈≈≈≈ ≈≈≈≈ ≈≈≈≈≈ ≈≈≈≈≈≈≈ ≈≈ ≈≈≈≈ ≈≈≈≈≈≈ ≈≈≈≈ ≈≈≈≈≈≈≈≈

≈≈≈ ≈≈≈≈≈≈ ≈≈≈≈ ≈≈≈≈≈ ≈≈≈≈≈≈≈ ≈≈≈ ≈≈≈≈≈ ≈≈≈≈≈≈ ≈≈ ≈≈≈≈≈ ≈≈≈≈≈≈≈≈ ≈≈≈≈ ≈≈≈ ≈≈≈≈≈≈ ≈≈≈≈ ≈≈≈≈≈ ≈≈≈≈≈≈≈ ≈≈ ≈≈≈≈ ≈≈≈≈≈≈ ≈≈≈≈ ≈≈≈≈≈≈≈≈

≈≈≈ ≈≈≈≈≈≈ ≈≈≈≈ ≈≈≈≈≈ ≈≈≈≈≈≈≈ ≈≈≈ ≈≈≈≈≈ ≈≈≈≈≈≈ ≈≈ ≈≈≈≈≈ ≈≈≈≈≈≈≈≈ ≈≈≈≈ ≈≈≈ ≈≈≈≈≈≈ ≈≈≈≈ ≈≈≈≈≈ ≈≈≈≈≈≈≈ ≈≈ ≈≈≈≈ ≈≈≈≈≈≈ ≈≈≈≈ ≈≈≈≈≈≈≈≈

≈≈≈ ≈≈≈≈≈≈ ≈≈≈≈ ≈≈≈≈≈ ≈≈≈≈≈≈≈ ≈≈≈ ≈≈≈≈≈ ≈≈≈≈≈≈ ≈≈ ≈≈≈≈≈ ≈≈≈≈≈≈≈≈ ≈≈≈≈ ≈≈≈ ≈≈≈≈≈≈ ≈≈≈≈ ≈≈≈≈≈ ≈≈≈≈≈≈≈ ≈≈ ≈≈≈≈ ≈≈≈≈≈≈ ≈≈≈≈ ≈≈≈≈≈≈≈≈

≈≈≈ ≈≈≈≈≈≈ ≈≈≈≈ ≈≈≈≈≈ ≈≈≈≈≈≈≈ ≈≈≈ ≈≈≈≈≈ ≈≈≈≈≈≈ ≈≈ ≈≈≈≈≈ ≈≈≈≈≈≈≈≈ ≈≈≈≈ ≈≈≈ ≈≈≈≈≈≈ ≈≈≈≈ ≈≈≈≈≈ ≈≈≈≈≈≈≈ ≈≈ ≈≈≈≈ ≈≈≈≈≈≈ ≈≈≈≈ ≈≈≈≈≈≈≈≈

≈≈≈ ≈≈≈≈≈≈ ≈≈≈≈ ≈≈≈≈≈ ≈≈≈≈≈≈≈ ≈≈≈ ≈≈≈≈≈ ≈≈≈≈≈≈ ≈≈ ≈≈≈≈≈ ≈≈≈≈≈≈≈≈ ≈≈≈≈ ≈≈≈ ≈≈≈≈≈≈ ≈≈≈≈ ≈≈≈≈≈ ≈≈≈≈≈≈≈ ≈≈ ≈≈≈≈ ≈≈≈≈≈≈ ≈≈≈≈ ≈≈≈≈≈≈≈≈

* Vereinsbank in Zwickau.

Aus Leipzig, 3. d. M., wird uns geschrieben: Nach dem Bericht für 1914 belief sich der Reingewinn auf M 901 096.

≈≈≈ ≈≈≈≈≈≈ ≈≈≈≈ ≈≈≈≈≈ ≈≈≈≈≈≈≈ ≈≈≈ ≈≈≈≈≈ ≈≈≈≈≈≈ ≈≈ ≈≈≈≈≈ ≈≈≈≈≈≈≈≈ ≈≈≈≈ ≈≈≈ ≈≈≈≈≈≈ ≈≈≈≈ ≈≈≈≈≈ ≈≈≈≈≈≈≈ ≈≈ ≈≈≈≈ ≈≈≈≈≈≈ ≈≈≈≈ ≈≈≈≈≈≈≈≈

≈≈≈ ≈≈≈≈≈≈ ≈≈≈≈ ≈≈≈≈≈ ≈≈≈≈≈≈≈ ≈≈≈ ≈≈≈≈≈ ≈≈≈≈≈≈ ≈≈ ≈≈≈≈≈ ≈≈≈≈≈≈≈≈ ≈≈≈≈ ≈≈≈ ≈≈≈≈≈≈ ≈≈≈≈ ≈≈≈≈≈ ≈≈≈≈≈≈≈ ≈≈ ≈≈≈≈ ≈≈≈≈≈≈ ≈≈≈≈ ≈≈≈≈≈≈≈≈

≈≈≈ ≈≈≈≈≈≈ ≈≈≈≈ ≈≈≈≈≈ ≈≈≈≈≈≈≈ ≈≈≈ ≈≈≈≈≈ ≈≈≈≈≈≈ ≈≈ ≈≈≈≈≈ ≈≈≈≈≈≈≈≈ ≈≈≈≈ ≈≈≈ ≈≈≈≈≈≈ ≈≈≈≈ ≈≈≈≈≈ ≈≈≈≈≈≈≈ ≈≈ ≈≈≈≈ ≈≈≈≈≈≈ ≈≈≈≈ ≈≈≈≈≈≈≈≈

≈≈≈ ≈≈≈≈≈≈ ≈≈≈≈ ≈≈≈≈≈ ≈≈≈≈≈≈≈ ≈≈≈ ≈≈≈≈≈ ≈≈≈≈≈≈ ≈≈ ≈≈≈≈≈ ≈≈≈≈≈≈≈≈ ≈≈≈≈ ≈≈≈ ≈≈≈≈≈≈ ≈≈≈≈ ≈≈≈≈≈ ≈≈≈≈≈≈≈ ≈≈ ≈≈≈≈ ≈≈≈≈≈≈ ≈≈≈≈ ≈≈≈≈≈≈≈≈

≈≈≈ ≈≈≈≈≈≈ ≈≈≈≈ ≈≈≈≈≈ ≈≈≈≈≈≈≈ ≈≈≈ ≈≈≈≈≈ ≈≈≈≈≈≈ ≈≈ ≈≈≈≈≈ ≈≈≈≈≈≈≈≈ ≈≈≈≈ ≈≈≈ ≈≈≈≈≈≈ ≈≈≈≈ ≈≈≈≈≈ ≈≈≈≈≈≈≈ ≈≈ ≈≈≈≈ ≈≈≈≈≈≈ ≈≈≈≈ ≈≈≈≈≈≈≈≈

≈≈≈ ≈≈≈≈≈≈ ≈≈≈≈ ≈≈≈≈≈ ≈≈≈≈≈≈≈ ≈≈≈ ≈≈≈≈≈ ≈≈≈≈≈≈ ≈≈ ≈≈≈≈≈ ≈≈≈≈≈≈≈≈ ≈≈≈≈ ≈≈≈ ≈≈≈≈≈≈ ≈≈≈≈ ≈≈≈≈≈ ≈≈≈≈≈≈≈ ≈≈ ≈≈≈≈ ≈≈≈≈≈≈ ≈≈≈≈ ≈≈≈≈≈≈≈≈

* Portland-Cementfabrik Rudelsburg A.-G., Bad Kösen.

Aus Leipzig, 3. d. M., wird uns geschrieben: Der Abschluß für 1914 ergibt einen Reingewinn.

≈≈≈ ≈≈≈≈≈≈ ≈≈≈≈ ≈≈≈≈≈ ≈≈≈≈≈≈≈ ≈≈≈ ≈≈≈≈≈ ≈≈≈≈≈≈ ≈≈ ≈≈≈≈≈ ≈≈≈≈≈≈≈≈ ≈≈≈≈ ≈≈≈ ≈≈≈≈≈≈ ≈≈≈≈ ≈≈≈≈≈ ≈≈≈≈≈≈≈ ≈≈ ≈≈≈≈ ≈≈≈≈≈≈ ≈≈≈≈ ≈≈≈≈≈≈≈≈

≈≈≈ ≈≈≈≈≈≈ ≈≈≈≈ ≈≈≈≈≈ ≈≈≈≈≈≈≈ ≈≈≈ ≈≈≈≈≈ ≈≈≈≈≈≈ ≈≈ ≈≈≈≈≈ ≈≈≈≈≈≈≈≈ ≈≈≈≈ ≈≈≈ ≈≈≈≈≈≈ ≈≈≈≈ ≈≈≈≈≈ ≈≈≈≈≈≈≈ ≈≈ ≈≈≈≈ ≈≈≈≈≈≈ ≈≈≈≈ ≈≈≈≈≈≈≈≈

Königl. Universitätsdruckerei H. Stürtz A.-G., Würzburg.

Nach dem Bericht für 1914 waren die Aufträge bis zum Kriegsausbruch befriedigend.

≈≈≈ ≈≈≈≈≈≈ ≈≈≈≈ ≈≈≈≈≈ ≈≈≈≈≈≈≈ ≈≈≈ ≈≈≈≈≈ ≈≈≈≈≈≈ ≈≈ ≈≈≈≈≈ ≈≈≈≈≈≈≈≈ ≈≈≈≈ ≈≈≈ ≈≈≈≈≈≈ ≈≈≈≈ ≈≈≈≈≈ ≈≈≈≈≈≈≈ ≈≈ ≈≈≈≈ ≈≈≈≈≈≈ ≈≈≈≈ ≈≈≈≈≈≈≈≈

≈≈≈ ≈≈≈≈≈≈ ≈≈≈≈ ≈≈≈≈≈ ≈≈≈≈≈≈≈ ≈≈≈ ≈≈≈≈≈ ≈≈≈≈≈≈ ≈≈ ≈≈≈≈≈ ≈≈≈≈≈≈≈≈ ≈≈≈≈ ≈≈≈ ≈≈≈≈≈≈ ≈≈≈≈ ≈≈≈≈≈ ≈≈≈≈≈≈≈ ≈≈ ≈≈≈≈ ≈≈≈≈≈≈ ≈≈≈≈ ≈≈≈≈≈≈≈≈

≈≈≈ ≈≈≈≈≈≈ ≈≈≈≈ ≈≈≈≈≈ ≈≈≈≈≈≈≈ ≈≈≈ ≈≈≈≈≈ ≈≈≈≈≈≈ ≈≈ ≈≈≈≈≈ ≈≈≈≈≈≈≈≈ ≈≈≈≈ ≈≈≈ ≈≈≈≈≈≈ ≈≈≈≈ ≈≈≈≈≈ ≈≈≈≈≈≈≈ ≈≈ ≈≈≈≈ ≈≈≈≈≈≈ ≈≈≈≈ ≈≈≈≈≈≈≈≈

≈≈≈ ≈≈≈≈≈≈ ≈≈≈≈ ≈≈≈≈≈ ≈≈≈≈≈≈≈ ≈≈≈ ≈≈≈≈≈ ≈≈≈≈≈≈ ≈≈ ≈≈≈≈≈ ≈≈≈≈≈≈≈≈ ≈≈≈≈ ≈≈≈ ≈≈≈≈≈≈ ≈≈≈≈ ≈≈≈≈≈ ≈≈≈≈≈≈≈ ≈≈ ≈≈≈≈ ≈≈≈≈≈≈ ≈≈≈≈ ≈≈≈≈≈≈≈≈

Von den Baumwollmärkten.

Man schreibt uns: Im Gegensatz zu den Verhältnissen auf anderen Märkten hat sich die Lage am Baumwollmarkt beruhigt.

≈≈≈ ≈≈≈≈≈≈ ≈≈≈≈ ≈≈≈≈≈ ≈≈≈≈≈≈≈ ≈≈≈ ≈≈≈≈≈ ≈≈≈≈≈≈ ≈≈ ≈≈≈≈≈ ≈≈≈≈≈≈≈≈ ≈≈≈≈ ≈≈≈ ≈≈≈≈≈≈ ≈≈≈≈ ≈≈≈≈≈ ≈≈≈≈≈≈≈ ≈≈ ≈≈≈≈ ≈≈≈≈≈≈ ≈≈≈≈ ≈≈≈≈≈≈≈≈

≈≈≈ ≈≈≈≈≈≈ ≈≈≈≈ ≈≈≈≈≈ ≈≈≈≈≈≈≈ ≈≈≈ ≈≈≈≈≈ ≈≈≈≈≈≈ ≈≈ ≈≈≈≈≈ ≈≈≈≈≈≈≈≈ ≈≈≈≈ ≈≈≈ ≈≈≈≈≈≈ ≈≈≈≈ ≈≈≈≈≈ ≈≈≈≈≈≈≈ ≈≈ ≈≈≈≈ ≈≈≈≈≈≈ ≈≈≈≈ ≈≈≈≈≈≈≈≈

≈≈≈ ≈≈≈≈≈≈ ≈≈≈≈ ≈≈≈≈≈ ≈≈≈≈≈≈≈ ≈≈≈ ≈≈≈≈≈ ≈≈≈≈≈≈ ≈≈ ≈≈≈≈≈ ≈≈≈≈≈≈≈≈ ≈≈≈≈ ≈≈≈ ≈≈≈≈≈≈ ≈≈≈≈ ≈≈≈≈≈ ≈≈≈≈≈≈≈ ≈≈ ≈≈≈≈ ≈≈≈≈≈≈ ≈≈≈≈ ≈≈≈≈≈≈≈≈

≈≈≈ ≈≈≈≈≈≈ ≈≈≈≈ ≈≈≈≈≈ ≈≈≈≈≈≈≈ ≈≈≈ ≈≈≈≈≈ ≈≈≈≈≈≈ ≈≈ ≈≈≈≈≈ ≈≈≈≈≈≈≈≈ ≈≈≈≈ ≈≈≈ ≈≈≈≈≈≈ ≈≈≈≈ ≈≈≈≈≈ ≈≈≈≈≈≈≈ ≈≈ ≈≈≈≈ ≈≈≈≈≈≈ ≈≈≈≈ ≈≈≈≈≈≈≈≈

≈≈≈ ≈≈≈≈≈≈ ≈≈≈≈ ≈≈≈≈≈ ≈≈≈≈≈≈≈ ≈≈≈ ≈≈≈≈≈ ≈≈≈≈≈≈ ≈≈ ≈≈≈≈≈ ≈≈≈≈≈≈≈≈ ≈≈≈≈ ≈≈≈ ≈≈≈≈≈≈ ≈≈≈≈ ≈≈≈≈≈ ≈≈≈≈≈≈≈ ≈≈ ≈≈≈≈ ≈≈≈≈≈≈ ≈≈≈≈ ≈≈≈≈≈≈≈≈

≈≈≈ ≈≈≈≈≈≈ ≈≈≈≈ ≈≈≈≈≈ ≈≈≈≈≈≈≈ ≈≈≈ ≈≈≈≈≈ ≈≈≈≈≈≈ ≈≈ ≈≈≈≈≈ ≈≈≈≈≈≈≈≈ ≈≈≈≈ ≈≈≈ ≈≈≈≈≈≈ ≈≈≈≈ ≈≈≈≈≈ ≈≈≈≈≈≈≈ ≈≈ ≈≈≈≈ ≈≈≈≈≈≈ ≈≈≈≈ ≈≈≈≈≈≈≈≈

≈≈≈ ≈≈≈≈≈≈ ≈≈≈≈ ≈≈≈≈≈ ≈≈≈≈≈≈≈ ≈≈≈ ≈≈≈≈≈ ≈≈≈≈≈≈ ≈≈ ≈≈≈≈≈ ≈≈≈≈≈≈≈≈ ≈≈≈≈ ≈≈≈ ≈≈≈≈≈≈ ≈≈≈≈ ≈≈≈≈≈ ≈≈≈≈≈≈≈ ≈≈ ≈≈≈≈ ≈≈≈≈≈≈ ≈≈≈≈ ≈≈≈≈≈≈≈≈

≈≈≈ ≈≈≈≈≈≈ ≈≈≈≈ ≈≈≈≈≈ ≈≈≈≈≈≈≈ ≈≈≈ ≈≈≈≈≈ ≈≈≈≈≈≈ ≈≈ ≈≈≈≈≈ ≈≈≈≈≈≈≈≈ ≈≈≈≈ ≈≈≈ ≈≈≈≈≈≈ ≈≈≈≈ ≈≈≈≈≈ ≈≈≈≈≈≈≈ ≈≈ ≈≈≈≈ ≈≈≈≈≈≈ ≈≈≈≈ ≈≈≈≈≈≈≈≈

≈≈≈ ≈≈≈≈≈≈ ≈≈≈≈ ≈≈≈≈≈ ≈≈≈≈≈≈≈ ≈≈≈ ≈≈≈≈≈ ≈≈≈≈≈≈ ≈≈ ≈≈≈≈≈ ≈≈≈≈≈≈≈≈ ≈≈≈≈ ≈≈≈ ≈≈≈≈≈≈ ≈≈≈≈ ≈≈≈≈≈ ≈≈≈≈≈≈≈ ≈≈ ≈≈≈≈ ≈≈≈≈≈≈ ≈≈≈≈ ≈≈≈≈≈≈≈≈

≈≈≈ ≈≈≈≈≈≈ ≈≈≈≈ ≈≈≈≈≈ ≈≈≈≈≈≈≈ ≈≈≈ ≈≈≈≈≈ ≈≈≈≈≈≈ ≈≈ ≈≈≈≈≈ ≈≈≈≈≈≈≈≈ ≈≈≈≈ ≈≈≈ ≈≈≈≈≈≈ ≈≈≈≈ ≈≈≈≈≈ ≈≈≈≈≈≈≈ ≈≈ ≈≈≈≈ ≈≈≈≈≈≈ ≈≈≈≈ ≈≈≈≈≈≈≈≈

≈≈≈ ≈≈≈≈≈≈ ≈≈≈≈ ≈≈≈≈≈ ≈≈≈≈≈≈≈ ≈≈≈ ≈≈≈≈≈ ≈≈≈≈≈≈ ≈≈ ≈≈≈≈≈ ≈≈≈≈≈≈≈≈ ≈≈≈≈ ≈≈≈ ≈≈≈≈≈≈ ≈≈≈≈ ≈≈≈≈≈ ≈≈≈≈≈≈≈ ≈≈ ≈≈≈≈ ≈≈≈≈≈≈ ≈≈≈≈ ≈≈≈≈≈≈≈≈

von den Webwarenmärkten kommt nach wie vor günstiger Bericht.

≈≈≈ ≈≈≈≈≈≈ ≈≈≈≈ ≈≈≈≈≈ ≈≈≈≈≈≈≈ ≈≈≈ ≈≈≈≈≈ ≈≈≈≈≈≈ ≈≈ ≈≈≈≈≈ ≈≈≈≈≈≈≈≈ ≈≈≈≈ ≈≈≈ ≈≈≈≈≈≈ ≈≈≈≈ ≈≈≈≈≈ ≈≈≈≈≈≈≈ ≈≈ ≈≈≈≈ ≈≈≈≈≈≈ ≈≈≈≈ ≈≈≈≈≈≈≈≈

≈≈≈ ≈≈≈≈≈≈ ≈≈≈≈ ≈≈≈≈≈ ≈≈≈≈≈≈≈ ≈≈≈ ≈≈≈≈≈ ≈≈≈≈≈≈ ≈≈ ≈≈≈≈≈ ≈≈≈≈≈≈≈≈ ≈≈≈≈ ≈≈≈ ≈≈≈≈≈≈ ≈≈≈≈ ≈≈≈≈≈ ≈≈≈≈≈≈≈ ≈≈ ≈≈≈≈ ≈≈≈≈≈≈ ≈≈≈≈ ≈≈≈≈≈≈≈≈

≈≈≈ ≈≈≈≈≈≈ ≈≈≈≈ ≈≈≈≈≈ ≈≈≈≈≈≈≈ ≈≈≈ ≈≈≈≈≈ ≈≈≈≈≈≈ ≈≈ ≈≈≈≈≈ ≈≈≈≈≈≈≈≈ ≈≈≈≈ ≈≈≈ ≈≈≈≈≈≈ ≈≈≈≈ ≈≈≈≈≈ ≈≈≈≈≈≈≈ ≈≈ ≈≈≈≈ ≈≈≈≈≈≈ ≈≈≈≈ ≈≈≈≈≈≈≈≈

In New York stieg der Preis für greifbare Middling von 9.55 Cts. im Laufe der Berichtswoche auf 9.80 Cts.

≈≈≈ ≈≈≈≈≈≈ ≈≈≈≈ ≈≈≈≈≈ ≈≈≈≈≈≈≈ ≈≈≈ ≈≈≈≈≈ ≈≈≈≈≈≈ ≈≈ ≈≈≈≈≈ ≈≈≈≈≈≈≈≈ ≈≈≈≈ ≈≈≈ ≈≈≈≈≈≈ ≈≈≈≈ ≈≈≈≈≈ ≈≈≈≈≈≈≈ ≈≈ ≈≈≈≈ ≈≈≈≈≈≈ ≈≈≈≈ ≈≈≈≈≈≈≈≈

≈≈≈ ≈≈≈≈≈≈ ≈≈≈≈ ≈≈≈≈≈ ≈≈≈≈≈≈≈ ≈≈≈ ≈≈≈≈≈ ≈≈≈≈≈≈ ≈≈ ≈≈≈≈≈ ≈≈≈≈≈≈≈≈ ≈≈≈≈ ≈≈≈ ≈≈≈≈≈≈ ≈≈≈≈ ≈≈≈≈≈ ≈≈≈≈≈≈≈ ≈≈ ≈≈≈≈ ≈≈≈≈≈≈ ≈≈≈≈ ≈≈≈≈≈≈≈≈

≈≈≈ ≈≈≈≈≈≈ ≈≈≈≈ ≈≈≈≈≈ ≈≈≈≈≈≈≈ ≈≈≈ ≈≈≈≈≈ ≈≈≈≈≈≈ ≈≈ ≈≈≈≈≈ ≈≈≈≈≈≈≈≈ ≈≈≈≈ ≈≈≈ ≈≈≈≈≈≈ ≈≈≈≈ ≈≈≈≈≈ ≈≈≈≈≈≈≈ ≈≈ ≈≈≈≈ ≈≈≈≈≈≈ ≈≈≈≈ ≈≈≈≈≈≈≈≈

≈≈≈ ≈≈≈≈≈≈ ≈≈≈≈ ≈≈≈≈≈ ≈≈≈≈≈≈≈ ≈≈≈ ≈≈≈≈≈ ≈≈≈≈≈≈ ≈≈ ≈≈≈≈≈ ≈≈≈≈≈≈≈≈ ≈≈≈≈ ≈≈≈ ≈≈≈≈≈≈ ≈≈≈≈ ≈≈≈≈≈ ≈≈≈≈≈≈≈ ≈≈ ≈≈≈≈ ≈≈≈≈≈≈ ≈≈≈≈ ≈≈≈≈≈≈≈≈

≈≈≈ ≈≈≈≈≈≈ ≈≈≈≈ ≈≈≈≈≈ ≈≈≈≈≈≈≈ ≈≈≈ ≈≈≈≈≈ ≈≈≈≈≈≈ ≈≈ ≈≈≈≈≈ ≈≈≈≈≈≈≈≈ ≈≈≈≈ ≈≈≈ ≈≈≈≈≈≈ ≈≈≈≈ ≈≈≈≈≈ ≈≈≈≈≈≈≈ ≈≈ ≈≈≈≈ ≈≈≈≈≈≈ ≈≈≈≈ ≈≈≈≈≈≈≈≈

≈≈≈ ≈≈≈≈≈≈ ≈≈≈≈ ≈≈≈≈≈ ≈≈≈≈≈≈≈ ≈≈≈ ≈≈≈≈≈ ≈≈≈≈≈≈ ≈≈ ≈≈≈≈≈ ≈≈≈≈≈≈≈≈ ≈≈≈≈ ≈≈≈ ≈≈≈≈≈≈ ≈≈≈≈ ≈≈≈≈≈ ≈≈≈≈≈≈≈ ≈≈ ≈≈≈≈ ≈≈≈≈≈≈ ≈≈≈≈ ≈≈≈≈≈≈≈≈

≈≈≈ ≈≈≈≈≈≈ ≈≈≈≈ ≈≈≈≈≈ ≈≈≈≈≈≈≈ ≈≈≈ ≈≈≈≈≈ ≈≈≈≈≈≈ ≈≈ ≈≈≈≈≈ ≈≈≈≈≈≈≈≈ ≈≈≈≈ ≈≈≈ ≈≈≈≈≈≈ ≈≈≈≈ ≈≈≈≈≈ ≈≈≈≈≈≈≈ ≈≈ ≈≈≈≈ ≈≈≈≈≈≈ ≈≈≈≈ ≈≈≈≈≈≈≈≈

≈≈≈ ≈≈≈≈≈≈ ≈≈≈≈ ≈≈≈≈≈ ≈≈≈≈≈≈≈ ≈≈≈ ≈≈≈≈≈ ≈≈≈≈≈≈ ≈≈ ≈≈≈≈≈ ≈≈≈≈≈≈≈≈ ≈≈≈≈ ≈≈≈ ≈≈≈≈≈≈ ≈≈≈≈ ≈≈≈≈≈ ≈≈≈≈≈≈≈ ≈≈ ≈≈≈≈ ≈≈≈≈≈≈ ≈≈≈≈ ≈≈≈≈≈≈≈≈

≈≈≈ ≈≈≈≈≈≈ ≈≈≈≈ ≈≈≈≈≈ ≈≈≈≈≈≈≈ ≈≈≈ ≈≈≈≈≈ ≈≈≈≈≈≈ ≈≈ ≈≈≈≈≈ ≈≈≈≈≈≈≈≈ ≈≈≈≈ ≈≈≈ ≈≈≈≈≈≈ ≈≈≈≈ ≈≈≈≈≈ ≈≈≈≈≈≈≈ ≈≈ ≈≈≈≈ ≈≈≈≈≈≈ ≈≈≈≈ ≈≈≈≈≈≈≈≈

≈≈≈ ≈≈≈≈≈≈ ≈≈≈≈ ≈≈≈≈≈ ≈≈≈≈≈≈≈ ≈≈≈ ≈≈≈≈≈ ≈≈≈≈≈≈ ≈≈ ≈≈≈≈≈ ≈≈≈≈≈≈≈≈ ≈≈≈≈ ≈≈≈ ≈≈≈≈≈≈ ≈≈≈≈ ≈≈≈≈≈ ≈≈≈≈≈≈≈ ≈≈ ≈≈≈≈ ≈≈≈≈≈≈ ≈≈≈≈ ≈≈≈≈≈≈≈≈

≈≈≈ ≈≈≈≈≈≈ ≈≈≈≈ ≈≈≈≈≈ ≈≈≈≈≈≈≈ ≈≈≈ ≈≈≈≈≈ ≈≈≈≈≈≈ ≈≈ ≈≈≈≈≈ ≈≈≈≈≈≈≈≈ ≈≈≈≈ ≈≈≈ ≈≈≈≈≈≈ ≈≈≈≈ ≈≈≈≈≈ ≈≈≈≈≈≈≈ ≈≈ ≈≈≈≈ ≈≈≈≈≈≈ ≈≈≈≈ ≈≈≈≈≈≈≈≈

≈≈≈ ≈≈≈≈≈≈ ≈≈≈≈ ≈≈≈≈≈ ≈≈≈≈≈≈≈ ≈≈≈ ≈≈≈≈≈ ≈≈≈≈≈≈ ≈≈ ≈≈≈≈≈ ≈≈≈≈≈≈≈≈ ≈≈≈≈ ≈≈≈ ≈≈≈≈≈≈ ≈≈≈≈ ≈≈≈≈≈ ≈≈≈≈≈≈≈ ≈≈ ≈≈≈≈ ≈≈≈≈≈≈ ≈≈≈≈ ≈≈≈≈≈≈≈≈

≈≈≈ ≈≈≈≈≈≈ ≈≈≈≈ ≈≈≈≈≈ ≈≈≈≈≈≈≈ ≈≈≈ ≈≈≈≈≈ ≈≈≈≈≈≈ ≈≈ ≈≈≈≈≈ ≈≈≈≈≈≈≈≈ ≈≈≈≈ ≈≈≈ ≈≈≈≈≈≈ ≈≈≈≈ ≈≈≈≈≈ ≈≈≈≈≈≈≈ ≈≈ ≈≈≈≈ ≈≈≈≈≈≈ ≈≈≈≈ ≈≈≈≈≈≈≈≈

≈≈≈ ≈≈≈≈≈≈ ≈≈≈≈ ≈≈≈≈≈ ≈≈≈≈≈≈≈ ≈≈≈ ≈≈≈≈≈ ≈≈≈≈≈≈ ≈≈ ≈≈≈≈≈ ≈≈≈≈≈≈≈≈ ≈≈≈≈ ≈≈≈ ≈≈≈≈≈≈ ≈≈≈≈ ≈≈≈≈≈ ≈≈≈≈≈≈≈ ≈≈ ≈≈≈≈ ≈≈≈≈≈≈ ≈≈≈≈ ≈≈≈≈≈≈≈≈

≈≈≈ ≈≈≈≈≈≈ ≈≈≈≈ ≈≈≈≈≈ ≈≈≈≈≈≈≈ ≈≈≈ ≈≈≈≈≈ ≈≈≈≈≈≈ ≈≈ ≈≈≈≈≈ ≈≈≈≈≈≈≈≈ ≈≈≈≈ ≈≈≈ ≈≈≈≈≈≈ ≈≈≈≈ ≈≈≈≈≈ ≈≈≈≈≈≈≈ ≈≈ ≈≈≈≈ ≈≈≈≈≈≈ ≈≈≈≈ ≈≈≈≈≈≈≈≈

≈≈≈ ≈≈≈≈≈≈ ≈≈≈≈ ≈≈≈≈≈ ≈≈≈≈≈≈≈ ≈≈≈ ≈≈≈≈≈ ≈≈≈≈≈≈ ≈≈ ≈≈≈≈≈ ≈≈≈≈≈≈≈≈ ≈≈≈≈ ≈≈≈ ≈≈≈≈≈≈ ≈≈≈≈ ≈≈≈≈≈ ≈≈≈≈≈≈≈ ≈≈ ≈≈≈≈ ≈≈≈≈≈≈ ≈≈≈≈ ≈≈≈≈≈≈≈≈

Zufuhren in den Häfen	1914/15	1913/14	1912/13
Zufuhren in den Häfen	9 734 000	10 950 000	11 752 000
Über See Ausfuhr	6 926 000	8 145 000	9 163 000
Inländische Fabriken	1 900 000	2 250 000	2 400 000
Im ganzen in Sicht am 26. März	13 603 000	13 708 000	12 951 000
* Oberrheinische Schiffahrt.

Aus Mannheim, 5. d. M., berichtet man uns: Die Wasserverhältnisse des Oberrheins waren günstig.

≈≈≈ ≈≈≈≈≈≈ ≈≈≈≈ ≈≈≈≈≈ ≈≈≈≈≈≈≈ ≈≈≈ ≈≈≈≈≈ ≈≈≈≈≈≈ ≈≈ ≈≈≈≈≈ ≈≈≈≈≈≈≈≈ ≈≈≈≈ ≈≈≈ ≈≈≈≈≈≈ ≈≈≈≈ ≈≈≈≈≈ ≈≈≈≈≈≈≈ ≈≈ ≈≈≈≈ ≈≈≈≈≈≈ ≈≈≈≈ ≈≈≈≈≈≈≈≈

≈≈≈ ≈≈≈≈≈≈ ≈≈≈≈ ≈≈≈≈≈ ≈≈≈≈≈≈≈ ≈≈≈ ≈≈≈≈≈ ≈≈≈≈≈≈ ≈≈ ≈≈≈≈≈ ≈≈≈≈≈≈≈≈ ≈≈≈≈ ≈≈≈ ≈≈≈≈≈≈ ≈≈≈≈ ≈≈≈≈≈ ≈≈≈≈≈≈≈ ≈≈ ≈≈≈≈ ≈≈≈≈≈≈ ≈≈≈≈ ≈≈≈≈≈≈≈≈

≈≈≈ ≈≈≈≈≈≈ ≈≈≈≈ ≈≈≈≈≈ ≈≈≈≈≈≈≈ ≈≈≈ ≈≈≈≈≈ ≈≈≈≈≈≈ ≈≈ ≈≈≈≈≈ ≈≈≈≈≈≈≈≈ ≈≈≈≈ ≈≈≈ ≈≈≈≈≈≈ ≈≈≈≈ ≈≈≈≈≈ ≈≈≈≈≈≈≈ ≈≈ ≈≈≈≈ ≈≈≈≈≈≈ ≈≈≈≈ ≈≈≈≈≈≈≈≈

≈≈≈ ≈≈≈≈≈≈ ≈≈≈≈ ≈≈≈≈≈ ≈≈≈≈≈≈≈ ≈≈≈ ≈≈≈≈≈ ≈≈≈≈≈≈ ≈≈ ≈≈≈≈≈ ≈≈≈≈≈≈≈≈ ≈≈≈≈ ≈≈≈ ≈≈≈≈≈≈ ≈≈≈≈ ≈≈≈≈≈ ≈≈≈≈≈≈≈ ≈≈ ≈≈≈≈ ≈≈≈≈≈≈ ≈≈≈≈ ≈≈≈≈≈≈≈≈

≈≈≈ ≈≈≈≈≈≈ ≈≈≈≈ ≈≈≈≈≈ ≈≈≈≈≈≈≈ ≈≈≈ ≈≈≈≈≈ ≈≈≈≈≈≈ ≈≈ ≈≈≈≈≈ ≈≈≈≈≈≈≈≈ ≈≈≈≈ ≈≈≈ ≈≈≈≈≈≈ ≈≈≈≈ ≈≈≈≈≈ ≈≈≈≈≈≈≈ ≈≈ ≈≈≈≈ ≈≈≈≈≈≈ ≈≈≈≈ ≈≈≈≈≈≈≈≈

Finanzielle Draht-Meldungen.

Berlin, 6. April. Die Wilhelm Busch Kanalbau A.-G. Liqu. mußte den Betrieb einstellen.

≈≈≈ ≈≈≈≈≈≈ ≈≈≈≈ ≈≈≈≈≈ ≈≈≈≈≈≈≈ ≈≈≈ ≈≈≈≈≈ ≈≈≈≈≈≈ ≈≈ ≈≈≈≈≈ ≈≈≈≈≈≈≈≈ ≈≈≈≈ ≈≈≈ ≈≈≈≈≈≈ ≈≈≈≈ ≈≈≈≈≈ ≈≈≈≈≈≈≈ ≈≈ ≈≈≈≈ ≈≈≈≈≈≈ ≈≈≈≈ ≈≈≈≈≈≈≈≈

Paris, 6. April. Der Crédit Industriel à Paris erklärt eine Dividende von Frs. 11.25.

≈≈≈ ≈≈≈≈≈≈ ≈≈≈≈ ≈≈≈≈≈ ≈≈≈≈≈≈≈ ≈≈≈ ≈≈≈≈≈ ≈≈≈≈≈≈ ≈≈ ≈≈≈≈≈ ≈≈≈≈≈≈≈≈ ≈≈≈≈ ≈≈≈ ≈≈≈≈≈≈ ≈≈≈≈ ≈≈≈≈≈ ≈≈≈≈≈≈≈ ≈≈ ≈≈≈≈ ≈≈≈≈≈≈ ≈≈≈≈ ≈≈≈≈≈≈≈≈

New York, 5. April. (Schluß-Notierungen.)

Tendenz für Geld	fest	Erie common	25 7/8
Geld auf 24 Stunden	2 1/2	Illinois Central	110
Wechsel auf London	4.79 1/2	Louisville & Nashv.	118 1/2
Cable Transfers	4.80	New York Central	86 1/2
Wechsel auf Berlin	83 7/8	Northern Pacific	106 3/4
Silber Bullion	50 1/2	Pennsylvania	107
Atch.Top.Santa Fe	100 1/2	Southern Pacific	86 7/8
Baltimore & Ohio	72 1/2	Union Pacific	124 3/4
Canadian Pacific	162	U.S. Steel Corp.	48 1/2
Chesapeake & Ohio	43		
Waren- und Produktenberichte.
Getreide und Futtermittel.

Budapest, 5. April. In der abgelaufenen Woche nahm das Geschäft einen ruhigen Verlauf.

≈≈≈ ≈≈≈≈≈≈ ≈≈≈≈ ≈≈≈≈≈ ≈≈≈≈≈≈≈ ≈≈≈ ≈≈≈≈≈ ≈≈≈≈≈≈ ≈≈ ≈≈≈≈≈ ≈≈≈≈≈≈≈≈ ≈≈≈≈ ≈≈≈ ≈≈≈≈≈≈ ≈≈≈≈ ≈≈≈≈≈ ≈≈≈≈≈≈≈ ≈≈ ≈≈≈≈ ≈≈≈≈≈≈ ≈≈≈≈ ≈≈≈≈≈≈≈≈

≈≈≈ ≈≈≈≈≈≈ ≈≈≈≈ ≈≈≈≈≈ ≈≈≈≈≈≈≈ ≈≈≈ ≈≈≈≈≈ ≈≈≈≈≈≈ ≈≈ ≈≈≈≈≈ ≈≈≈≈≈≈≈≈ ≈≈≈≈ ≈≈≈ ≈≈≈≈≈≈ ≈≈≈≈ ≈≈≈≈≈ ≈≈≈≈≈≈≈ ≈≈ ≈≈≈≈ ≈≈≈≈≈≈ ≈≈≈≈ ≈≈≈≈≈≈≈≈

Kolonialwaren und Landesprodukte.

Hamburg, 5. April. Kaffee. Die Tendenz war fest.

≈≈≈ ≈≈≈≈≈≈ ≈≈≈≈ ≈≈≈≈≈ ≈≈≈≈≈≈≈ ≈≈≈ ≈≈≈≈≈ ≈≈≈≈≈≈ ≈≈ ≈≈≈≈≈ ≈≈≈≈≈≈≈≈ ≈≈≈≈ ≈≈≈ ≈≈≈≈≈≈ ≈≈≈≈ ≈≈≈≈≈ ≈≈≈≈≈≈≈ ≈≈ ≈≈≈≈ ≈≈≈≈≈≈ ≈≈≈≈ ≈≈≈≈≈≈≈≈

Wein.

Würzburg, 5. April. Im Weingeschäft war in der letzten Woche wieder einige Belebung zu bemerken.

≈≈≈ ≈≈≈≈≈≈ ≈≈≈≈ ≈≈≈≈≈ ≈≈≈≈≈≈≈ ≈≈≈ ≈≈≈≈≈ ≈≈≈≈≈≈ ≈≈ ≈≈≈≈≈ ≈≈≈≈≈≈≈≈ ≈≈≈≈ ≈≈≈ ≈≈≈≈≈≈ ≈≈≈≈ ≈≈≈≈≈ ≈≈≈≈≈≈≈ ≈≈ ≈≈≈≈ ≈≈≈≈≈≈ ≈≈≈≈ ≈≈≈≈≈≈≈≈

Viehmärkte.

Husum, 2. April. Auf dem heutigen Markte waren zugetrieben.

≈≈≈ ≈≈≈≈≈≈ ≈≈≈≈ ≈≈≈≈≈ ≈≈≈≈≈≈≈ ≈≈≈ ≈≈≈≈≈ ≈≈≈≈≈≈ ≈≈ ≈≈≈≈≈ ≈≈≈≈≈≈≈≈ ≈≈≈≈ ≈≈≈ ≈≈≈≈≈≈ ≈≈≈≈ ≈≈≈≈≈ ≈≈≈≈≈≈≈ ≈≈ ≈≈≈≈ ≈≈≈≈≈≈ ≈≈≈≈ ≈≈≈≈≈≈≈≈

Einnahmen von Transportanstalten.

Strassenbahn Hannover. Personenbeförderung. März M 492 983.

Verantwortlich: Für Handelsteil und allgemeinen Teil Albert Bürklin; für Feuilleton: Dr. Heinrich Simon; für Inserate: Friedrich Hermann. Druck und Verlag der Frankfurter Societätsdruckerei (Gesellschaft mit beschränkter Haftung).
